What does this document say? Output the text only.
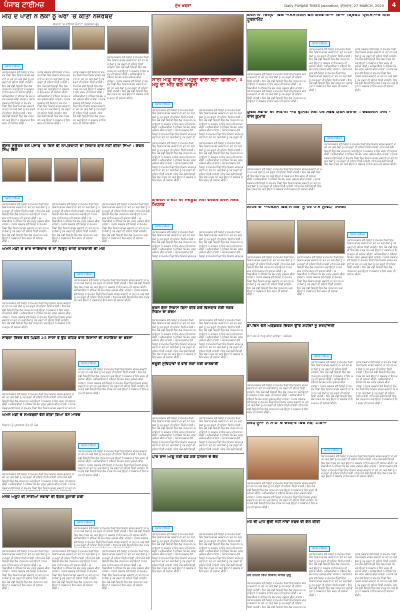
ਪੰਜਾਬ ਟਾਈਮਜ਼	ਮੁੱਖ ਖ਼ਬਰਾਂ	Daily PUNJAB TIMES Jalandhar, ਵੀਰਵਾਰ, 27 MARCH, 2025	4
ਮੀਂਹ ਦੇ ਪਾਣੀ ਨੇ ਲੋਕਾਂ ਨੂੰ ਘਰਾਂ 'ਚ ਕੀਤਾ ਨਜ਼ਰਬੰਦ
ਬਾਜ਼ਾਰਾਂ 'ਚ ਛਾਇਆ ਸੰਨਾਟਾ ਪ੍ਰਸ਼ਾਸਨ ਚੁੱਪ
ਪੰਜਾਬ ਟਾਈਮਜ਼
ਪੰਜਾਬ ਸਰਕਾਰ ਵੱਲੋਂ ਜ਼ਿਲ੍ਹੇ ਦੇ ਵੱਖ-ਵੱਖ ਪਿੰਡਾਂ ਵਿੱਚ ਵਿਕਾਸ ਕਾਰਜ ਕਰਵਾਏ ਜਾ ਰਹੇ ਹਨ ਅਤੇ ਲੋਕਾਂ ਨੂੰ ਹਰ ਤਰ੍ਹਾਂ ਦੀ ਸੁਵਿਧਾ ਦਿੱਤੀ ਜਾਵੇਗੀ। ਇਸ ਮੌਕੇ ਵੱਡੀ ਗਿਣਤੀ ਵਿੱਚ ਲੋਕ ਹਾਜ਼ਰ ਸਨ ਅਤੇ ਉਨ੍ਹਾਂ ਨੇ ਸਰਕਾਰ ਦੇ ਇਸ ਕਦਮ ਦੀ ਸ਼ਲਾਘਾ ਕੀਤੀ। ਅਧਿਕਾਰੀਆਂ ਨੇ ਦੱਸਿਆ ਕਿ ਕੰਮ ਜਲਦ ਮੁਕੰਮਲ ਕੀਤਾ ਜਾਵੇਗਾ। ਪੰਜਾਬ ਸਰਕਾਰ ਵੱਲੋਂ ਜ਼ਿਲ੍ਹੇ ਦੇ ਵੱਖ-ਵੱਖ ਪਿੰਡਾਂ ਵਿੱਚ ਵਿਕਾਸ ਕਾਰਜ ਕਰਵਾਏ ਜਾ ਰਹੇ ਹਨ ਅਤੇ ਲੋਕਾਂ ਨੂੰ ਹਰ ਤਰ੍ਹਾਂ ਦੀ ਸੁਵਿਧਾ ਦਿੱਤੀ ਜਾਵੇਗੀ। ਇਸ ਮੌਕੇ ਵੱਡੀ ਗਿਣਤੀ ਵਿੱਚ ਲੋਕ ਹਾਜ਼ਰ ਸਨ ਅਤੇ ਉਨ੍ਹਾਂ ਨੇ ਸਰਕਾਰ ਦੇ ਇਸ ਕਦਮ ਦੀ ਸ਼ਲਾਘਾ ਕੀਤੀ।
ਪੰਜਾਬ ਸਰਕਾਰ ਵੱਲੋਂ ਜ਼ਿਲ੍ਹੇ ਦੇ ਵੱਖ-ਵੱਖ ਪਿੰਡਾਂ ਵਿੱਚ ਵਿਕਾਸ ਕਾਰਜ ਕਰਵਾਏ ਜਾ ਰਹੇ ਹਨ ਅਤੇ ਲੋਕਾਂ ਨੂੰ ਹਰ ਤਰ੍ਹਾਂ ਦੀ ਸੁਵਿਧਾ ਦਿੱਤੀ ਜਾਵੇਗੀ। ਇਸ ਮੌਕੇ ਵੱਡੀ ਗਿਣਤੀ ਵਿੱਚ ਲੋਕ ਹਾਜ਼ਰ ਸਨ ਅਤੇ ਉਨ੍ਹਾਂ ਨੇ ਸਰਕਾਰ ਦੇ ਇਸ ਕਦਮ ਦੀ ਸ਼ਲਾਘਾ ਕੀਤੀ। ਅਧਿਕਾਰੀਆਂ ਨੇ ਦੱਸਿਆ ਕਿ ਕੰਮ ਜਲਦ ਮੁਕੰਮਲ ਕੀਤਾ ਜਾਵੇਗਾ। ਪੰਜਾਬ ਸਰਕਾਰ ਵੱਲੋਂ ਜ਼ਿਲ੍ਹੇ ਦੇ ਵੱਖ-ਵੱਖ ਪਿੰਡਾਂ ਵਿੱਚ ਵਿਕਾਸ ਕਾਰਜ ਕਰਵਾਏ ਜਾ ਰਹੇ ਹਨ ਅਤੇ ਲੋਕਾਂ ਨੂੰ ਹਰ ਤਰ੍ਹਾਂ ਦੀ ਸੁਵਿਧਾ ਦਿੱਤੀ ਜਾਵੇਗੀ। ਇਸ ਮੌਕੇ ਵੱਡੀ ਗਿਣਤੀ ਵਿੱਚ ਲੋਕ ਹਾਜ਼ਰ ਸਨ ਅਤੇ ਉਨ੍ਹਾਂ ਨੇ ਸਰਕਾਰ ਦੇ ਇਸ ਕਦਮ ਦੀ ਸ਼ਲਾਘਾ ਕੀਤੀ।
ਪੰਜਾਬ ਸਰਕਾਰ ਵੱਲੋਂ ਜ਼ਿਲ੍ਹੇ ਦੇ ਵੱਖ-ਵੱਖ ਪਿੰਡਾਂ ਵਿੱਚ ਵਿਕਾਸ ਕਾਰਜ ਕਰਵਾਏ ਜਾ ਰਹੇ ਹਨ ਅਤੇ ਲੋਕਾਂ ਨੂੰ ਹਰ ਤਰ੍ਹਾਂ ਦੀ ਸੁਵਿਧਾ ਦਿੱਤੀ ਜਾਵੇਗੀ। ਇਸ ਮੌਕੇ ਵੱਡੀ ਗਿਣਤੀ ਵਿੱਚ ਲੋਕ ਹਾਜ਼ਰ ਸਨ ਅਤੇ ਉਨ੍ਹਾਂ ਨੇ ਸਰਕਾਰ ਦੇ ਇਸ ਕਦਮ ਦੀ ਸ਼ਲਾਘਾ ਕੀਤੀ। ਅਧਿਕਾਰੀਆਂ ਨੇ ਦੱਸਿਆ ਕਿ ਕੰਮ ਜਲਦ ਮੁਕੰਮਲ ਕੀਤਾ ਜਾਵੇਗਾ। ਪੰਜਾਬ ਸਰਕਾਰ ਵੱਲੋਂ ਜ਼ਿਲ੍ਹੇ ਦੇ ਵੱਖ-ਵੱਖ ਪਿੰਡਾਂ ਵਿੱਚ ਵਿਕਾਸ ਕਾਰਜ ਕਰਵਾਏ ਜਾ ਰਹੇ ਹਨ ਅਤੇ ਲੋਕਾਂ ਨੂੰ ਹਰ ਤਰ੍ਹਾਂ ਦੀ ਸੁਵਿਧਾ ਦਿੱਤੀ ਜਾਵੇਗੀ। ਇਸ ਮੌਕੇ ਵੱਡੀ ਗਿਣਤੀ ਵਿੱਚ ਲੋਕ ਹਾਜ਼ਰ ਸਨ ਅਤੇ ਉਨ੍ਹਾਂ ਨੇ ਸਰਕਾਰ ਦੇ ਇਸ ਕਦਮ ਦੀ ਸ਼ਲਾਘਾ ਕੀਤੀ।
ਪੰਜਾਬ ਸਰਕਾਰ ਵੱਲੋਂ ਜ਼ਿਲ੍ਹੇ ਦੇ ਵੱਖ-ਵੱਖ ਪਿੰਡਾਂ ਵਿੱਚ ਵਿਕਾਸ ਕਾਰਜ ਕਰਵਾਏ ਜਾ ਰਹੇ ਹਨ ਅਤੇ ਲੋਕਾਂ ਨੂੰ ਹਰ ਤਰ੍ਹਾਂ ਦੀ ਸੁਵਿਧਾ ਦਿੱਤੀ ਜਾਵੇਗੀ। ਇਸ ਮੌਕੇ ਵੱਡੀ ਗਿਣਤੀ ਵਿੱਚ ਲੋਕ ਹਾਜ਼ਰ ਸਨ ਅਤੇ ਉਨ੍ਹਾਂ ਨੇ ਸਰਕਾਰ ਦੇ ਇਸ ਕਦਮ ਦੀ ਸ਼ਲਾਘਾ ਕੀਤੀ। ਅਧਿਕਾਰੀਆਂ ਨੇ ਦੱਸਿਆ ਕਿ ਕੰਮ ਜਲਦ ਮੁਕੰਮਲ ਕੀਤਾ ਜਾਵੇਗਾ। ਪੰਜਾਬ ਸਰਕਾਰ ਵੱਲੋਂ ਜ਼ਿਲ੍ਹੇ ਦੇ ਵੱਖ-ਵੱਖ ਪਿੰਡਾਂ ਵਿੱਚ ਵਿਕਾਸ ਕਾਰਜ ਕਰਵਾਏ ਜਾ ਰਹੇ ਹਨ ਅਤੇ ਲੋਕਾਂ ਨੂੰ ਹਰ ਤਰ੍ਹਾਂ ਦੀ ਸੁਵਿਧਾ ਦਿੱਤੀ ਜਾਵੇਗੀ। ਇਸ ਮੌਕੇ ਵੱਡੀ ਗਿਣਤੀ ਵਿੱਚ ਲੋਕ ਹਾਜ਼ਰ ਸਨ ਅਤੇ ਉਨ੍ਹਾਂ ਨੇ ਸਰਕਾਰ ਦੇ ਇਸ ਕਦਮ ਦੀ ਸ਼ਲਾਘਾ ਕੀਤੀ।
ਸਾਰੀ ਮੀਡ ਬਾਰਮਾ ਪਹੁੰਚਾਂ ਵਾਲਾ ਬੇਟਾ ਡਿਗਿਆ, 1 ਮਹੂ ਦਾ ਮੀਂਹ ਵਲੋਂ ਕਾਬੂਮੀ
ਪੰਜਾਬ ਟਾਈਮਜ਼
ਪੰਜਾਬ ਸਰਕਾਰ ਵੱਲੋਂ ਜ਼ਿਲ੍ਹੇ ਦੇ ਵੱਖ-ਵੱਖ ਪਿੰਡਾਂ ਵਿੱਚ ਵਿਕਾਸ ਕਾਰਜ ਕਰਵਾਏ ਜਾ ਰਹੇ ਹਨ ਅਤੇ ਲੋਕਾਂ ਨੂੰ ਹਰ ਤਰ੍ਹਾਂ ਦੀ ਸੁਵਿਧਾ ਦਿੱਤੀ ਜਾਵੇਗੀ। ਇਸ ਮੌਕੇ ਵੱਡੀ ਗਿਣਤੀ ਵਿੱਚ ਲੋਕ ਹਾਜ਼ਰ ਸਨ ਅਤੇ ਉਨ੍ਹਾਂ ਨੇ ਸਰਕਾਰ ਦੇ ਇਸ ਕਦਮ ਦੀ ਸ਼ਲਾਘਾ ਕੀਤੀ। ਅਧਿਕਾਰੀਆਂ ਨੇ ਦੱਸਿਆ ਕਿ ਕੰਮ ਜਲਦ ਮੁਕੰਮਲ ਕੀਤਾ ਜਾਵੇਗਾ। ਪੰਜਾਬ ਸਰਕਾਰ ਵੱਲੋਂ ਜ਼ਿਲ੍ਹੇ ਦੇ ਵੱਖ-ਵੱਖ ਪਿੰਡਾਂ ਵਿੱਚ ਵਿਕਾਸ ਕਾਰਜ ਕਰਵਾਏ ਜਾ ਰਹੇ ਹਨ ਅਤੇ ਲੋਕਾਂ ਨੂੰ ਹਰ ਤਰ੍ਹਾਂ ਦੀ
ਪੰਜਾਬ ਸਰਕਾਰ ਵੱਲੋਂ ਜ਼ਿਲ੍ਹੇ ਦੇ ਵੱਖ-ਵੱਖ ਪਿੰਡਾਂ ਵਿੱਚ ਵਿਕਾਸ ਕਾਰਜ ਕਰਵਾਏ ਜਾ ਰਹੇ ਹਨ ਅਤੇ ਲੋਕਾਂ ਨੂੰ ਹਰ ਤਰ੍ਹਾਂ ਦੀ ਸੁਵਿਧਾ ਦਿੱਤੀ ਜਾਵੇਗੀ। ਇਸ ਮੌਕੇ ਵੱਡੀ ਗਿਣਤੀ ਵਿੱਚ ਲੋਕ ਹਾਜ਼ਰ ਸਨ ਅਤੇ ਉਨ੍ਹਾਂ ਨੇ ਸਰਕਾਰ ਦੇ ਇਸ ਕਦਮ ਦੀ ਸ਼ਲਾਘਾ ਕੀਤੀ। ਅਧਿਕਾਰੀਆਂ ਨੇ ਦੱਸਿਆ ਕਿ ਕੰਮ ਜਲਦ ਮੁਕੰਮਲ ਕੀਤਾ ਜਾਵੇਗਾ। ਪੰਜਾਬ ਸਰਕਾਰ ਵੱਲੋਂ ਜ਼ਿਲ੍ਹੇ ਦੇ ਵੱਖ-ਵੱਖ ਪਿੰਡਾਂ ਵਿੱਚ ਵਿਕਾਸ ਕਾਰਜ ਕਰਵਾਏ ਜਾ ਰਹੇ ਹਨ ਅਤੇ ਲੋਕਾਂ ਨੂੰ ਹਰ ਤਰ੍ਹਾਂ ਦੀ
ਕਰਨਾਲਾ ਜ਼ਿਲ੍ਹਾ ਵਿੱਚ ਐਸੋਸੀਏਸ਼ਨ ਵਲੋਂ ਕਰਵਾਇਆ ਗਿਆ ਕ੍ਰਿਕਟ ਪ੍ਰੀਮੀਅਰ ਲੀਗ ਟੂਰਨਾਮੈਂਟ
ਪੰਜਾਬ ਟਾਈਮਜ਼
ਪੰਜਾਬ ਸਰਕਾਰ ਵੱਲੋਂ ਜ਼ਿਲ੍ਹੇ ਦੇ ਵੱਖ-ਵੱਖ ਪਿੰਡਾਂ ਵਿੱਚ ਵਿਕਾਸ ਕਾਰਜ ਕਰਵਾਏ ਜਾ ਰਹੇ ਹਨ ਅਤੇ ਲੋਕਾਂ ਨੂੰ ਹਰ ਤਰ੍ਹਾਂ ਦੀ ਸੁਵਿਧਾ ਦਿੱਤੀ ਜਾਵੇਗੀ। ਇਸ ਮੌਕੇ ਵੱਡੀ ਗਿਣਤੀ ਵਿੱਚ ਲੋਕ ਹਾਜ਼ਰ ਸਨ ਅਤੇ ਉਨ੍ਹਾਂ ਨੇ ਸਰਕਾਰ ਦੇ ਇਸ ਕਦਮ ਦੀ ਸ਼ਲਾਘਾ ਕੀਤੀ। ਅਧਿਕਾਰੀਆਂ ਨੇ ਦੱਸਿਆ ਕਿ ਕੰਮ ਜਲਦ ਮੁਕੰਮਲ ਕੀਤਾ ਜਾਵੇਗਾ। ਪੰਜਾਬ ਸਰਕਾਰ ਵੱਲੋਂ ਜ਼ਿਲ੍ਹੇ ਦੇ ਵੱਖ-ਵੱਖ ਪਿੰਡਾਂ ਵਿੱਚ ਵਿਕਾਸ ਕਾਰਜ ਕਰਵਾਏ ਜਾ ਰਹੇ ਹਨ ਅਤੇ ਲੋਕਾਂ ਨੂੰ ਹਰ ਤਰ੍ਹਾਂ ਦੀ ਸੁਵਿਧਾ ਦਿੱਤੀ ਜਾਵੇਗੀ। ਇਸ ਮੌਕੇ ਵੱਡੀ ਗਿਣਤੀ ਵਿੱਚ ਲੋਕ ਹਾਜ਼ਰ ਸਨ ਅਤੇ ਉਨ੍ਹਾਂ ਨੇ ਸਰਕਾਰ ਦੇ ਇਸ ਕਦਮ ਦੀ ਸ਼ਲਾਘਾ ਕੀਤੀ।
ਪੰਜਾਬ ਸਰਕਾਰ ਵੱਲੋਂ ਜ਼ਿਲ੍ਹੇ ਦੇ ਵੱਖ-ਵੱਖ ਪਿੰਡਾਂ ਵਿੱਚ ਵਿਕਾਸ ਕਾਰਜ ਕਰਵਾਏ ਜਾ ਰਹੇ ਹਨ ਅਤੇ ਲੋਕਾਂ ਨੂੰ ਹਰ ਤਰ੍ਹਾਂ ਦੀ ਸੁਵਿਧਾ ਦਿੱਤੀ ਜਾਵੇਗੀ। ਇਸ ਮੌਕੇ ਵੱਡੀ ਗਿਣਤੀ ਵਿੱਚ ਲੋਕ ਹਾਜ਼ਰ ਸਨ ਅਤੇ ਉਨ੍ਹਾਂ ਨੇ ਸਰਕਾਰ ਦੇ ਇਸ ਕਦਮ ਦੀ ਸ਼ਲਾਘਾ ਕੀਤੀ। ਅਧਿਕਾਰੀਆਂ ਨੇ ਦੱਸਿਆ ਕਿ ਕੰਮ ਜਲਦ ਮੁਕੰਮਲ ਕੀਤਾ ਜਾਵੇਗਾ। ਪੰਜਾਬ ਸਰਕਾਰ ਵੱਲੋਂ ਜ਼ਿਲ੍ਹੇ ਦੇ ਵੱਖ-ਵੱਖ ਪਿੰਡਾਂ ਵਿੱਚ ਵਿਕਾਸ ਕਾਰਜ ਕਰਵਾਏ ਜਾ ਰਹੇ ਹਨ ਅਤੇ ਲੋਕਾਂ ਨੂੰ ਹਰ ਤਰ੍ਹਾਂ ਦੀ ਸੁਵਿਧਾ ਦਿੱਤੀ ਜਾਵੇਗੀ। ਇਸ ਮੌਕੇ ਵੱਡੀ ਗਿਣਤੀ ਵਿੱਚ ਲੋਕ ਹਾਜ਼ਰ ਸਨ ਅਤੇ ਉਨ੍ਹਾਂ ਨੇ ਸਰਕਾਰ ਦੇ ਇਸ ਕਦਮ ਦੀ ਸ਼ਲਾਘਾ ਕੀਤੀ।
ਪੰਜਾਬ ਸਰਕਾਰ ਵੱਲੋਂ ਜ਼ਿਲ੍ਹੇ ਦੇ ਵੱਖ-ਵੱਖ ਪਿੰਡਾਂ ਵਿੱਚ ਵਿਕਾਸ ਕਾਰਜ ਕਰਵਾਏ ਜਾ ਰਹੇ ਹਨ ਅਤੇ ਲੋਕਾਂ ਨੂੰ ਹਰ ਤਰ੍ਹਾਂ ਦੀ ਸੁਵਿਧਾ ਦਿੱਤੀ ਜਾਵੇਗੀ। ਇਸ ਮੌਕੇ ਵੱਡੀ ਗਿਣਤੀ ਵਿੱਚ ਲੋਕ ਹਾਜ਼ਰ ਸਨ ਅਤੇ ਉਨ੍ਹਾਂ ਨੇ ਸਰਕਾਰ ਦੇ ਇਸ ਕਦਮ ਦੀ ਸ਼ਲਾਘਾ ਕੀਤੀ। ਅਧਿਕਾਰੀਆਂ ਨੇ ਦੱਸਿਆ ਕਿ ਕੰਮ ਜਲਦ ਮੁਕੰਮਲ ਕੀਤਾ ਜਾਵੇਗਾ। ਪੰਜਾਬ ਸਰਕਾਰ ਵੱਲੋਂ ਜ਼ਿਲ੍ਹੇ ਦੇ ਵੱਖ-ਵੱਖ ਪਿੰਡਾਂ ਵਿੱਚ ਵਿਕਾਸ ਕਾਰਜ ਕਰਵਾਏ ਜਾ ਰਹੇ ਹਨ ਅਤੇ ਲੋਕਾਂ ਨੂੰ ਹਰ ਤਰ੍ਹਾਂ ਦੀ ਸੁਵਿਧਾ ਦਿੱਤੀ ਜਾਵੇਗੀ। ਇਸ ਮੌਕੇ ਵੱਡੀ ਗਿਣਤੀ ਵਿੱਚ ਲੋਕ ਹਾਜ਼ਰ ਸਨ ਅਤੇ ਉਨ੍ਹਾਂ ਨੇ ਸਰਕਾਰ ਦੇ ਇਸ ਕਦਮ ਦੀ ਸ਼ਲਾਘਾ ਕੀਤੀ।
ਯੁਵਕ ਸਭਾਵਾਂ ਦੀ ਜਿਤਾਈ ਅਤੇ ਉਨਿਤੀ ਲਈ ਹਰ ਸੰਭਵ ਯਤਨ ਕਰਾਂਗਾ : ਦੇਵਕਲੀਨ ਸਿੰਘ - ਰਾਜ ਕੁਮਾਰ
ਪੰਜਾਬ ਟਾਈਮਜ਼
ਪੰਜਾਬ ਸਰਕਾਰ ਵੱਲੋਂ ਜ਼ਿਲ੍ਹੇ ਦੇ ਵੱਖ-ਵੱਖ ਪਿੰਡਾਂ ਵਿੱਚ ਵਿਕਾਸ ਕਾਰਜ ਕਰਵਾਏ ਜਾ ਰਹੇ ਹਨ ਅਤੇ ਲੋਕਾਂ ਨੂੰ ਹਰ ਤਰ੍ਹਾਂ ਦੀ ਸੁਵਿਧਾ ਦਿੱਤੀ ਜਾਵੇਗੀ। ਇਸ ਮੌਕੇ ਵੱਡੀ ਗਿਣਤੀ ਵਿੱਚ ਲੋਕ ਹਾਜ਼ਰ ਸਨ ਅਤੇ ਉਨ੍ਹਾਂ ਨੇ ਸਰਕਾਰ ਦੇ ਇਸ ਕਦਮ ਦੀ ਸ਼ਲਾਘਾ ਕੀਤੀ। ਅਧਿਕਾਰੀਆਂ ਨੇ ਦੱਸਿਆ ਕਿ ਕੰਮ ਜਲਦ ਮੁਕੰਮਲ ਕੀਤਾ ਜਾਵੇਗਾ। ਪੰਜਾਬ ਸਰਕਾਰ ਵੱਲੋਂ ਜ਼ਿਲ੍ਹੇ ਦੇ ਵੱਖ-ਵੱਖ ਪਿੰਡਾਂ ਵਿੱਚ ਵਿਕਾਸ ਕਾਰਜ ਕਰਵਾਏ ਜਾ ਰਹੇ ਹਨ ਅਤੇ ਲੋਕਾਂ ਨੂੰ ਹਰ ਤਰ੍ਹਾਂ ਦੀ ਸੁਵਿਧਾ ਦਿੱਤੀ ਜਾਵੇਗੀ। ਇਸ ਮੌਕੇ ਵੱਡੀ ਗਿਣਤੀ ਵਿੱਚ ਲੋਕ ਹਾਜ਼ਰ ਸਨ ਅਤੇ ਉਨ੍ਹਾਂ ਨੇ ਸਰਕਾਰ ਦੇ ਇਸ ਕਦਮ ਦੀ ਸ਼ਲਾਘਾ ਕੀਤੀ।
ਪੰਜਾਬ ਸਰਕਾਰ ਵੱਲੋਂ ਜ਼ਿਲ੍ਹੇ ਦੇ ਵੱਖ-ਵੱਖ ਪਿੰਡਾਂ ਵਿੱਚ ਵਿਕਾਸ ਕਾਰਜ ਕਰਵਾਏ ਜਾ ਰਹੇ ਹਨ ਅਤੇ ਲੋਕਾਂ ਨੂੰ ਹਰ ਤਰ੍ਹਾਂ ਦੀ ਸੁਵਿਧਾ ਦਿੱਤੀ ਜਾਵੇਗੀ। ਇਸ ਮੌਕੇ ਵੱਡੀ ਗਿਣਤੀ ਵਿੱਚ ਲੋਕ ਹਾਜ਼ਰ ਸਨ ਅਤੇ ਉਨ੍ਹਾਂ ਨੇ ਸਰਕਾਰ ਦੇ ਇਸ ਕਦਮ ਦੀ ਸ਼ਲਾਘਾ ਕੀਤੀ। ਅਧਿਕਾਰੀਆਂ ਨੇ ਦੱਸਿਆ ਕਿ ਕੰਮ ਜਲਦ ਮੁਕੰਮਲ ਕੀਤਾ ਜਾਵੇਗਾ। ਪੰਜਾਬ ਸਰਕਾਰ ਵੱਲੋਂ ਜ਼ਿਲ੍ਹੇ ਦੇ ਵੱਖ-ਵੱਖ ਪਿੰਡਾਂ ਵਿੱਚ ਵਿਕਾਸ ਕਾਰਜ ਕਰਵਾਏ ਜਾ ਰਹੇ ਹਨ ਅਤੇ ਲੋਕਾਂ ਨੂੰ ਹਰ ਤਰ੍ਹਾਂ ਦੀ ਸੁਵਿਧਾ ਦਿੱਤੀ ਜਾਵੇਗੀ। ਇਸ ਮੌਕੇ ਵੱਡੀ ਗਿਣਤੀ ਵਿੱਚ ਲੋਕ ਹਾਜ਼ਰ ਸਨ ਅਤੇ ਉਨ੍ਹਾਂ ਨੇ ਸਰਕਾਰ ਦੇ ਇਸ ਕਦਮ ਦੀ ਸ਼ਲਾਘਾ ਕੀਤੀ।
ਕੌਂਸਲ ਸਕੱਤਰ ਵਲੋਂ ਪੰਜਾਬ 'ਚ ਕਿਸੇ ਵੀ ਲਾਪਰਵਾਹੀ ਦਾ ਸ਼ਿਕਾਰ ਬਾਰੇ ਨਹੀਂ ਕੀਤਾ ਜਿਆ : ਕੇਵਲ ਸਿੰਘ ਢਿੱਲੋਂ
ਪੰਜਾਬ ਟਾਈਮਜ਼
ਪੰਜਾਬ ਸਰਕਾਰ ਵੱਲੋਂ ਜ਼ਿਲ੍ਹੇ ਦੇ ਵੱਖ-ਵੱਖ ਪਿੰਡਾਂ ਵਿੱਚ ਵਿਕਾਸ ਕਾਰਜ ਕਰਵਾਏ ਜਾ ਰਹੇ ਹਨ ਅਤੇ ਲੋਕਾਂ ਨੂੰ ਹਰ ਤਰ੍ਹਾਂ ਦੀ ਸੁਵਿਧਾ ਦਿੱਤੀ ਜਾਵੇਗੀ। ਇਸ ਮੌਕੇ ਵੱਡੀ ਗਿਣਤੀ ਵਿੱਚ ਲੋਕ ਹਾਜ਼ਰ ਸਨ ਅਤੇ ਉਨ੍ਹਾਂ ਨੇ ਸਰਕਾਰ ਦੇ ਇਸ ਕਦਮ ਦੀ ਸ਼ਲਾਘਾ ਕੀਤੀ। ਅਧਿਕਾਰੀਆਂ ਨੇ ਦੱਸਿਆ ਕਿ ਕੰਮ ਜਲਦ ਮੁਕੰਮਲ ਕੀਤਾ ਜਾਵੇਗਾ। ਪੰਜਾਬ ਸਰਕਾਰ ਵੱਲੋਂ ਜ਼ਿਲ੍ਹੇ ਦੇ ਵੱਖ-ਵੱਖ ਪਿੰਡਾਂ ਵਿੱਚ ਵਿਕਾਸ ਕਾਰਜ ਕਰਵਾਏ ਜਾ ਰਹੇ ਹਨ ਅਤੇ ਲੋਕਾਂ ਨੂੰ ਹਰ ਤਰ੍ਹਾਂ ਦੀ ਸੁਵਿਧਾ ਦਿੱਤੀ ਜਾਵੇਗੀ। ਇਸ ਮੌਕੇ ਵੱਡੀ ਗਿਣਤੀ ਵਿੱਚ ਲੋਕ ਹਾਜ਼ਰ ਸਨ ਅਤੇ ਉਨ੍ਹਾਂ ਨੇ ਸਰਕਾਰ ਦੇ ਇਸ ਕਦਮ ਦੀ ਸ਼ਲਾਘਾ ਕੀਤੀ।
ਪੰਜਾਬ ਸਰਕਾਰ ਵੱਲੋਂ ਜ਼ਿਲ੍ਹੇ ਦੇ ਵੱਖ-ਵੱਖ ਪਿੰਡਾਂ ਵਿੱਚ ਵਿਕਾਸ ਕਾਰਜ ਕਰਵਾਏ ਜਾ ਰਹੇ ਹਨ ਅਤੇ ਲੋਕਾਂ ਨੂੰ ਹਰ ਤਰ੍ਹਾਂ ਦੀ ਸੁਵਿਧਾ ਦਿੱਤੀ ਜਾਵੇਗੀ। ਇਸ ਮੌਕੇ ਵੱਡੀ ਗਿਣਤੀ ਵਿੱਚ ਲੋਕ ਹਾਜ਼ਰ ਸਨ ਅਤੇ ਉਨ੍ਹਾਂ ਨੇ ਸਰਕਾਰ ਦੇ ਇਸ ਕਦਮ ਦੀ ਸ਼ਲਾਘਾ ਕੀਤੀ। ਅਧਿਕਾਰੀਆਂ ਨੇ ਦੱਸਿਆ ਕਿ ਕੰਮ ਜਲਦ ਮੁਕੰਮਲ ਕੀਤਾ ਜਾਵੇਗਾ। ਪੰਜਾਬ ਸਰਕਾਰ ਵੱਲੋਂ ਜ਼ਿਲ੍ਹੇ ਦੇ ਵੱਖ-ਵੱਖ ਪਿੰਡਾਂ ਵਿੱਚ ਵਿਕਾਸ ਕਾਰਜ ਕਰਵਾਏ ਜਾ ਰਹੇ ਹਨ ਅਤੇ ਲੋਕਾਂ ਨੂੰ ਹਰ ਤਰ੍ਹਾਂ ਦੀ ਸੁਵਿਧਾ ਦਿੱਤੀ ਜਾਵੇਗੀ। ਇਸ ਮੌਕੇ ਵੱਡੀ ਗਿਣਤੀ ਵਿੱਚ ਲੋਕ ਹਾਜ਼ਰ ਸਨ ਅਤੇ ਉਨ੍ਹਾਂ ਨੇ ਸਰਕਾਰ ਦੇ ਇਸ ਕਦਮ ਦੀ ਸ਼ਲਾਘਾ ਕੀਤੀ।
ਪੰਜਾਬ ਸਰਕਾਰ ਵੱਲੋਂ ਜ਼ਿਲ੍ਹੇ ਦੇ ਵੱਖ-ਵੱਖ ਪਿੰਡਾਂ ਵਿੱਚ ਵਿਕਾਸ ਕਾਰਜ ਕਰਵਾਏ ਜਾ ਰਹੇ ਹਨ ਅਤੇ ਲੋਕਾਂ ਨੂੰ ਹਰ ਤਰ੍ਹਾਂ ਦੀ ਸੁਵਿਧਾ ਦਿੱਤੀ ਜਾਵੇਗੀ। ਇਸ ਮੌਕੇ ਵੱਡੀ ਗਿਣਤੀ ਵਿੱਚ ਲੋਕ ਹਾਜ਼ਰ ਸਨ ਅਤੇ ਉਨ੍ਹਾਂ ਨੇ ਸਰਕਾਰ ਦੇ ਇਸ ਕਦਮ ਦੀ ਸ਼ਲਾਘਾ ਕੀਤੀ। ਅਧਿਕਾਰੀਆਂ ਨੇ ਦੱਸਿਆ ਕਿ ਕੰਮ ਜਲਦ ਮੁਕੰਮਲ ਕੀਤਾ ਜਾਵੇਗਾ। ਪੰਜਾਬ ਸਰਕਾਰ ਵੱਲੋਂ ਜ਼ਿਲ੍ਹੇ ਦੇ ਵੱਖ-ਵੱਖ ਪਿੰਡਾਂ ਵਿੱਚ ਵਿਕਾਸ ਕਾਰਜ ਕਰਵਾਏ ਜਾ ਰਹੇ ਹਨ ਅਤੇ ਲੋਕਾਂ ਨੂੰ ਹਰ ਤਰ੍ਹਾਂ ਦੀ ਸੁਵਿਧਾ ਦਿੱਤੀ ਜਾਵੇਗੀ। ਇਸ ਮੌਕੇ ਵੱਡੀ ਗਿਣਤੀ ਵਿੱਚ ਲੋਕ ਹਾਜ਼ਰ ਸਨ ਅਤੇ ਉਨ੍ਹਾਂ ਨੇ ਸਰਕਾਰ ਦੇ ਇਸ ਕਦਮ ਦੀ ਸ਼ਲਾਘਾ ਕੀਤੀ।
ਪੰਜਾਬ ਸਰਕਾਰ ਵੱਲੋਂ ਜ਼ਿਲ੍ਹੇ ਦੇ ਵੱਖ-ਵੱਖ ਪਿੰਡਾਂ ਵਿੱਚ ਵਿਕਾਸ ਕਾਰਜ ਕਰਵਾਏ ਜਾ ਰਹੇ ਹਨ ਅਤੇ ਲੋਕਾਂ ਨੂੰ ਹਰ ਤਰ੍ਹਾਂ ਦੀ ਸੁਵਿਧਾ ਦਿੱਤੀ ਜਾਵੇਗੀ। ਇਸ ਮੌਕੇ ਵੱਡੀ ਗਿਣਤੀ ਵਿੱਚ ਲੋਕ ਹਾਜ਼ਰ ਸਨ ਅਤੇ ਉਨ੍ਹਾਂ ਨੇ ਸਰਕਾਰ ਦੇ ਇਸ ਕਦਮ ਦੀ ਸ਼ਲਾਘਾ ਕੀਤੀ। ਅਧਿਕਾਰੀਆਂ ਨੇ ਦੱਸਿਆ ਕਿ ਕੰਮ ਜਲਦ ਮੁਕੰਮਲ ਕੀਤਾ ਜਾਵੇਗਾ। ਪੰਜਾਬ ਸਰਕਾਰ ਵੱਲੋਂ ਜ਼ਿਲ੍ਹੇ ਦੇ ਵੱਖ-ਵੱਖ ਪਿੰਡਾਂ ਵਿੱਚ ਵਿਕਾਸ ਕਾਰਜ ਕਰਵਾਏ ਜਾ ਰਹੇ ਹਨ ਅਤੇ ਲੋਕਾਂ ਨੂੰ ਹਰ ਤਰ੍ਹਾਂ ਦੀ ਸੁਵਿਧਾ ਦਿੱਤੀ ਜਾਵੇਗੀ। ਇਸ ਮੌਕੇ ਵੱਡੀ ਗਿਣਤੀ ਵਿੱਚ ਲੋਕ ਹਾਜ਼ਰ ਸਨ ਅਤੇ ਉਨ੍ਹਾਂ ਨੇ ਸਰਕਾਰ ਦੇ ਇਸ ਕਦਮ ਦੀ ਸ਼ਲਾਘਾ ਕੀਤੀ।
ਪੰਜਾਬ ਸਰਕਾਰ ਵੱਲੋਂ ਜ਼ਿਲ੍ਹੇ ਦੇ ਵੱਖ-ਵੱਖ ਪਿੰਡਾਂ ਵਿੱਚ ਵਿਕਾਸ ਕਾਰਜ ਕਰਵਾਏ ਜਾ ਰਹੇ ਹਨ ਅਤੇ ਲੋਕਾਂ ਨੂੰ ਹਰ ਤਰ੍ਹਾਂ ਦੀ ਸੁਵਿਧਾ ਦਿੱਤੀ ਜਾਵੇਗੀ। ਇਸ ਮੌਕੇ ਵੱਡੀ ਗਿਣਤੀ ਵਿੱਚ ਲੋਕ ਹਾਜ਼ਰ ਸਨ ਅਤੇ ਉਨ੍ਹਾਂ ਨੇ ਸਰਕਾਰ ਦੇ ਇਸ ਕਦਮ ਦੀ ਸ਼ਲਾਘਾ ਕੀਤੀ। ਅਧਿਕਾਰੀਆਂ ਨੇ ਦੱਸਿਆ ਕਿ ਕੰਮ ਜਲਦ ਮੁਕੰਮਲ ਕੀਤਾ ਜਾਵੇਗਾ। ਪੰਜਾਬ ਸਰਕਾਰ ਵੱਲੋਂ ਜ਼ਿਲ੍ਹੇ ਦੇ ਵੱਖ-ਵੱਖ ਪਿੰਡਾਂ ਵਿੱਚ ਵਿਕਾਸ ਕਾਰਜ ਕਰਵਾਏ ਜਾ ਰਹੇ ਹਨ ਅਤੇ ਲੋਕਾਂ ਨੂੰ ਹਰ ਤਰ੍ਹਾਂ ਦੀ ਸੁਵਿਧਾ ਦਿੱਤੀ ਜਾਵੇਗੀ। ਇਸ ਮੌਕੇ ਵੱਡੀ ਗਿਣਤੀ ਵਿੱਚ ਲੋਕ ਹਾਜ਼ਰ ਸਨ ਅਤੇ ਉਨ੍ਹਾਂ ਨੇ ਸਰਕਾਰ ਦੇ ਇਸ ਕਦਮ ਦੀ ਸ਼ਲਾਘਾ ਕੀਤੀ।
ਕਾਂਗਰਸ ਪਾਰਟੀ ਦੀ ਮਜ਼ਬੂਤੀ ਲਈ ਵਰਕਰ ਕਰਨ ਸਖ਼ਤ ਮਿਹਨਤ
ਪੰਜਾਬ ਟਾਈਮਜ਼
ਪੰਜਾਬ ਸਰਕਾਰ ਵੱਲੋਂ ਜ਼ਿਲ੍ਹੇ ਦੇ ਵੱਖ-ਵੱਖ ਪਿੰਡਾਂ ਵਿੱਚ ਵਿਕਾਸ ਕਾਰਜ ਕਰਵਾਏ ਜਾ ਰਹੇ ਹਨ ਅਤੇ ਲੋਕਾਂ ਨੂੰ ਹਰ ਤਰ੍ਹਾਂ ਦੀ ਸੁਵਿਧਾ ਦਿੱਤੀ ਜਾਵੇਗੀ। ਇਸ ਮੌਕੇ ਵੱਡੀ ਗਿਣਤੀ ਵਿੱਚ ਲੋਕ ਹਾਜ਼ਰ ਸਨ ਅਤੇ ਉਨ੍ਹਾਂ ਨੇ ਸਰਕਾਰ ਦੇ ਇਸ ਕਦਮ ਦੀ ਸ਼ਲਾਘਾ ਕੀਤੀ। ਅਧਿਕਾਰੀਆਂ ਨੇ ਦੱਸਿਆ ਕਿ ਕੰਮ ਜਲਦ ਮੁਕੰਮਲ ਕੀਤਾ ਜਾਵੇਗਾ। ਪੰਜਾਬ ਸਰਕਾਰ ਵੱਲੋਂ ਜ਼ਿਲ੍ਹੇ ਦੇ ਵੱਖ-ਵੱਖ ਪਿੰਡਾਂ ਵਿੱਚ ਵਿਕਾਸ ਕਾਰਜ ਕ
ਪੰਜਾਬ ਸਰਕਾਰ ਵੱਲੋਂ ਜ਼ਿਲ੍ਹੇ ਦੇ ਵੱਖ-ਵੱਖ ਪਿੰਡਾਂ ਵਿੱਚ ਵਿਕਾਸ ਕਾਰਜ ਕਰਵਾਏ ਜਾ ਰਹੇ ਹਨ ਅਤੇ ਲੋਕਾਂ ਨੂੰ ਹਰ ਤਰ੍ਹਾਂ ਦੀ ਸੁਵਿਧਾ ਦਿੱਤੀ ਜਾਵੇਗੀ। ਇਸ ਮੌਕੇ ਵੱਡੀ ਗਿਣਤੀ ਵਿੱਚ ਲੋਕ ਹਾਜ਼ਰ ਸਨ ਅਤੇ ਉਨ੍ਹਾਂ ਨੇ ਸਰਕਾਰ ਦੇ ਇਸ ਕਦਮ ਦੀ ਸ਼ਲਾਘਾ ਕੀਤੀ। ਅਧਿਕਾਰੀਆਂ ਨੇ ਦੱਸਿਆ ਕਿ ਕੰਮ ਜਲਦ ਮੁਕੰਮਲ ਕੀਤਾ ਜਾਵੇਗਾ। ਪੰਜਾਬ ਸਰਕਾਰ ਵੱਲੋਂ ਜ਼ਿਲ੍ਹੇ ਦੇ ਵੱਖ-ਵੱਖ ਪਿੰਡਾਂ ਵਿੱਚ ਵਿਕਾਸ ਕਾਰਜ ਕ
ਅਮਨ ਮੰਡੀ ਦੇ ਭਾਰ ਜਾਇਦਾਦ ਦੇ ਨਾਂ ਵਿਰੁੱਧ ਵਾਲੀ ਕਾਰਵਾਈ ਦੀ ਮੰਗ
ਪੰਜਾਬ ਟਾਈਮਜ਼
ਪੰਜਾਬ ਸਰਕਾਰ ਵੱਲੋਂ ਜ਼ਿਲ੍ਹੇ ਦੇ ਵੱਖ-ਵੱਖ ਪਿੰਡਾਂ ਵਿੱਚ ਵਿਕਾਸ ਕਾਰਜ ਕਰਵਾਏ ਜਾ ਰਹੇ ਹਨ ਅਤੇ ਲੋਕਾਂ ਨੂੰ ਹਰ ਤਰ੍ਹਾਂ ਦੀ ਸੁਵਿਧਾ ਦਿੱਤੀ ਜਾਵੇਗੀ। ਇਸ ਮੌਕੇ ਵੱਡੀ ਗਿਣਤੀ ਵਿੱਚ ਲੋਕ ਹਾਜ਼ਰ ਸਨ ਅਤੇ ਉਨ੍ਹਾਂ ਨੇ ਸਰਕਾਰ ਦੇ ਇਸ ਕਦਮ ਦੀ ਸ਼ਲਾਘਾ ਕੀਤੀ। ਅਧਿਕਾਰੀਆਂ ਨੇ ਦੱਸਿਆ ਕਿ ਕੰਮ ਜਲਦ ਮੁਕੰਮਲ ਕੀਤਾ ਜਾਵੇਗਾ। ਪੰਜਾਬ ਸਰਕਾਰ ਵੱਲੋਂ ਜ਼ਿਲ੍ਹੇ ਦੇ ਵੱਖ-ਵੱਖ ਪਿੰਡਾਂ ਵਿੱਚ ਵਿਕਾਸ ਕਾਰਜ ਕਰਵਾਏ ਜਾ ਰਹੇ ਹਨ ਅਤੇ ਲੋਕਾਂ ਨੂੰ ਹਰ ਤਰ੍ਹਾਂ ਦੀ ਸੁਵਿਧਾ ਦਿੱਤੀ ਜਾਵੇਗੀ। ਇਸ ਮੌਕੇ ਵੱਡੀ ਗਿਣਤੀ ਵਿੱਚ ਲੋਕ ਹਾਜ਼ਰ ਸਨ ਅਤੇ ਉਨ੍ਹਾਂ ਨੇ ਸਰਕਾਰ ਦੇ ਇਸ ਕਦਮ ਦੀ ਸ਼ਲਾਘਾ ਕੀਤੀ।
ਪੰਜਾਬ ਸਰਕਾਰ ਵੱਲੋਂ ਜ਼ਿਲ੍ਹੇ ਦੇ ਵੱਖ-ਵੱਖ ਪਿੰਡਾਂ ਵਿੱਚ ਵਿਕਾਸ ਕਾਰਜ ਕਰਵਾਏ ਜਾ ਰਹੇ ਹਨ ਅਤੇ ਲੋਕਾਂ ਨੂੰ ਹਰ ਤਰ੍ਹਾਂ ਦੀ ਸੁਵਿਧਾ ਦਿੱਤੀ ਜਾਵੇਗੀ। ਇਸ ਮੌਕੇ ਵੱਡੀ ਗਿਣਤੀ ਵਿੱਚ ਲੋਕ ਹਾਜ਼ਰ ਸਨ ਅਤੇ ਉਨ੍ਹਾਂ ਨੇ ਸਰਕਾਰ ਦੇ ਇਸ ਕਦਮ ਦੀ ਸ਼ਲਾਘਾ ਕੀਤੀ। ਅਧਿਕਾਰੀਆਂ ਨੇ ਦੱਸਿਆ ਕਿ ਕੰਮ ਜਲਦ ਮੁਕੰਮਲ ਕੀਤਾ ਜਾਵੇਗਾ। ਪੰਜਾਬ ਸਰਕਾਰ ਵੱਲੋਂ ਜ਼ਿਲ੍ਹੇ ਦੇ ਵੱਖ-ਵੱਖ ਪਿੰਡਾਂ ਵਿੱਚ ਵਿਕਾਸ ਕਾਰਜ ਕਰਵਾਏ ਜਾ ਰਹੇ ਹਨ ਅਤੇ ਲੋਕਾਂ ਨੂੰ ਹਰ ਤਰ੍ਹਾਂ ਦੀ ਸੁਵਿਧਾ ਦਿੱਤੀ ਜਾਵੇਗੀ। ਇਸ ਮੌਕੇ ਵੱਡੀ ਗਿਣਤੀ ਵਿੱਚ ਲੋਕ ਹਾਜ਼ਰ ਸਨ ਅਤੇ ਉਨ੍ਹਾਂ ਨੇ ਸਰਕਾਰ ਦੇ ਇਸ ਕਦਮ ਦੀ ਸ਼ਲਾਘਾ ਕੀਤੀ।
ਸ਼ਹਿਰ ਦਾ ਅਪਰੇਸ਼ਨ ਵਿਕਾਸ ਲੋਕਾਂ ਨੂੰ ਹਰ ਪਾਸੇ ਸੁਵਿਧਾ ਮਿਲੇਗੀ
ਪੰਜਾਬ ਟਾਈਮਜ਼
ਪੰਜਾਬ ਸਰਕਾਰ ਵੱਲੋਂ ਜ਼ਿਲ੍ਹੇ ਦੇ ਵੱਖ-ਵੱਖ ਪਿੰਡਾਂ ਵਿੱਚ ਵਿਕਾਸ ਕਾਰਜ ਕਰਵਾਏ ਜਾ ਰਹੇ ਹਨ ਅਤੇ ਲੋਕਾਂ ਨੂੰ ਹਰ ਤਰ੍ਹਾਂ ਦੀ ਸੁਵਿਧਾ ਦਿੱਤੀ ਜਾਵੇਗੀ। ਇਸ ਮੌਕੇ ਵੱਡੀ ਗਿਣਤੀ ਵਿੱਚ ਲੋਕ ਹਾਜ਼ਰ ਸਨ ਅਤੇ ਉਨ੍ਹਾਂ ਨੇ ਸਰਕਾਰ ਦੇ ਇਸ ਕਦਮ ਦੀ ਸ਼ਲਾਘਾ ਕੀਤੀ। ਅਧਿਕਾਰੀਆਂ ਨੇ ਦੱਸਿਆ ਕਿ ਕੰਮ ਜਲਦ ਮੁਕੰਮਲ ਕੀਤਾ ਜਾਵੇਗਾ। ਪੰਜਾਬ ਸਰਕਾਰ ਵੱਲੋਂ ਜ਼ਿਲ੍ਹੇ ਦੇ ਵੱਖ-ਵੱਖ ਪਿੰਡਾਂ ਵਿੱਚ ਵਿਕਾਸ ਕਾਰਜ ਕਰਵਾਏ ਜਾ ਰਹੇ ਹਨ ਅਤੇ ਲੋਕਾਂ ਨੂੰ ਹਰ ਤਰ੍ਹਾਂ ਦੀ ਸੁਵਿਧਾ ਦਿੱਤੀ ਜਾਵੇਗੀ। ਇਸ ਮੌਕੇ ਵੱਡੀ ਗਿਣਤੀ ਵਿੱਚ ਲੋਕ ਹਾਜ਼ਰ ਸਨ ਅਤੇ ਉਨ੍ਹਾਂ ਨੇ ਸਰਕਾਰ ਦੇ ਇਸ ਕਦਮ ਦੀ ਸ਼ਲਾਘਾ ਕੀਤੀ।
ਪੰਜਾਬ ਸਰਕਾਰ ਵੱਲੋਂ ਜ਼ਿਲ੍ਹੇ ਦੇ ਵੱਖ-ਵੱਖ ਪਿੰਡਾਂ ਵਿੱਚ ਵਿਕਾਸ ਕਾਰਜ ਕਰਵਾਏ ਜਾ ਰਹੇ ਹਨ ਅਤੇ ਲੋਕਾਂ ਨੂੰ ਹਰ ਤਰ੍ਹਾਂ ਦੀ ਸੁਵਿਧਾ ਦਿੱਤੀ ਜਾਵੇਗੀ। ਇਸ ਮੌਕੇ ਵੱਡੀ ਗਿਣਤੀ ਵਿੱਚ ਲੋਕ ਹਾਜ਼ਰ ਸਨ ਅਤੇ ਉਨ੍ਹਾਂ ਨੇ ਸਰਕਾਰ ਦੇ ਇਸ ਕਦਮ ਦੀ ਸ਼ਲਾਘਾ ਕੀਤੀ। ਅਧਿਕਾਰੀਆਂ ਨੇ ਦੱਸਿਆ ਕਿ ਕੰਮ ਜਲਦ ਮੁਕੰਮਲ ਕੀਤਾ ਜਾਵੇਗਾ। ਪੰਜਾਬ ਸਰਕਾਰ ਵੱਲੋਂ ਜ਼ਿਲ੍ਹੇ ਦੇ ਵੱਖ-ਵੱਖ ਪਿੰਡਾਂ ਵਿੱਚ ਵਿਕਾਸ ਕਾਰਜ ਕਰਵਾਏ ਜਾ ਰਹੇ ਹਨ ਅਤੇ ਲੋਕਾਂ ਨੂੰ ਹਰ ਤਰ੍ਹਾਂ ਦੀ ਸੁਵਿਧਾ ਦਿੱਤੀ ਜਾਵੇਗੀ। ਇਸ ਮੌਕੇ ਵੱਡੀ ਗਿਣਤੀ ਵਿੱਚ ਲੋਕ ਹਾਜ਼ਰ ਸਨ ਅਤੇ ਉਨ੍ਹਾਂ ਨੇ ਸਰਕਾਰ ਦੇ ਇਸ ਕਦਮ ਦੀ ਸ਼ਲਾਘਾ ਕੀਤੀ।
ਪੰਜਾਬ ਸਰਕਾਰ ਵੱਲੋਂ ਜ਼ਿਲ੍ਹੇ ਦੇ ਵੱਖ-ਵੱਖ ਪਿੰਡਾਂ ਵਿੱਚ ਵਿਕਾਸ ਕਾਰਜ ਕਰਵਾਏ ਜਾ ਰਹੇ ਹਨ ਅਤੇ ਲੋਕਾਂ ਨੂੰ ਹਰ ਤਰ੍ਹਾਂ ਦੀ ਸੁਵਿਧਾ ਦਿੱਤੀ ਜਾਵੇਗੀ। ਇਸ ਮੌਕੇ ਵੱਡੀ ਗਿਣਤੀ ਵਿੱਚ ਲੋਕ ਹਾਜ਼ਰ ਸਨ ਅਤੇ ਉਨ੍ਹਾਂ ਨੇ ਸਰਕਾਰ ਦੇ ਇਸ ਕਦਮ ਦੀ ਸ਼ਲਾਘਾ ਕੀਤੀ। ਅਧਿਕਾਰੀਆਂ ਨੇ ਦੱਸਿਆ ਕਿ ਕੰਮ ਜਲਦ ਮੁਕੰਮਲ ਕੀਤਾ ਜਾਵੇਗਾ। ਪੰਜਾਬ ਸਰਕਾਰ ਵੱਲੋਂ ਜ਼ਿਲ੍ਹੇ ਦੇ ਵੱਖ-ਵੱਖ ਪਿੰਡਾਂ ਵਿੱਚ ਵਿਕਾਸ ਕਾਰਜ ਕਰਵਾਏ ਜਾ ਰਹੇ ਹਨ ਅਤੇ ਲੋਕਾਂ ਨੂੰ ਹਰ ਤਰ੍ਹਾਂ ਦੀ ਸੁਵਿਧਾ ਦਿੱਤੀ ਜਾਵੇਗੀ। ਇਸ ਮੌਕੇ ਵੱਡੀ ਗਿਣਤੀ ਵਿੱਚ ਲੋਕ ਹਾਜ਼ਰ ਸਨ ਅਤੇ ਉਨ੍ਹਾਂ ਨੇ ਸਰਕਾਰ ਦੇ ਇਸ ਕਦਮ ਦੀ ਸ਼ਲਾਘਾ ਕੀਤੀ।
ਕਰਨ ਬੇਲਾ ਨਿਵਾਸ ਬਿਨਾ ਕੀਤੇ ਗਏ ਵਿਸਥਾਰ ਲਈ ਨਗਰ ਨਿਗਮ ਦਾ ਕਦਮ
ਪੰਜਾਬ ਸਰਕਾਰ ਵੱਲੋਂ ਜ਼ਿਲ੍ਹੇ ਦੇ ਵੱਖ-ਵੱਖ ਪਿੰਡਾਂ ਵਿੱਚ ਵਿਕਾਸ ਕਾਰਜ ਕਰਵਾਏ ਜਾ ਰਹੇ ਹਨ ਅਤੇ ਲੋਕਾਂ ਨੂੰ ਹਰ ਤਰ੍ਹਾਂ ਦੀ ਸੁਵਿਧਾ ਦਿੱਤੀ ਜਾਵੇਗੀ। ਇਸ ਮੌਕੇ ਵੱਡੀ ਗਿਣਤੀ ਵਿੱਚ ਲੋਕ ਹਾਜ਼ਰ ਸਨ ਅਤੇ ਉਨ੍ਹਾਂ ਨੇ ਸਰਕਾਰ ਦੇ ਇਸ ਕਦਮ ਦੀ ਸ਼ਲਾਘਾ ਕੀਤੀ। ਅਧਿਕਾਰੀਆਂ ਨੇ ਦੱਸਿਆ ਕਿ ਕੰਮ ਜਲਦ ਮੁਕੰਮਲ ਕੀਤਾ ਜਾਵੇਗਾ। ਪੰਜਾਬ ਸਰਕਾਰ ਵੱਲੋਂ ਜ਼ਿਲ੍ਹੇ ਦੇ ਵੱਖ-ਵੱਖ ਪਿੰਡਾਂ ਵਿੱਚ ਵਿਕਾਸ ਕਾਰਜ ਕਰਵਾਏ ਜਾ ਰਹੇ ਹਨ ਅਤੇ ਲੋਕਾਂ ਨੂੰ ਹਰ ਤਰ੍ਹਾਂ ਦੀ ਸੁਵਿਧਾ ਦਿੱਤੀ ਜਾਵੇਗੀ। ਇਸ ਮੌਕੇ ਵੱਡੀ ਗਿਣਤੀ ਵਿੱਚ ਲੋਕ ਹਾਜ਼ਰ ਸਨ ਅਤੇ ਉਨ੍ਹਾਂ ਨੇ ਸਰਕਾਰ ਦੇ ਇਸ ਕਦਮ ਦੀ ਸ਼ਲਾਘਾ ਕੀਤੀ।
ਪੰਜਾਬ ਸਰਕਾਰ ਵੱਲੋਂ ਜ਼ਿਲ੍ਹੇ ਦੇ ਵੱਖ-ਵੱਖ ਪਿੰਡਾਂ ਵਿੱਚ ਵਿਕਾਸ ਕਾਰਜ ਕਰਵਾਏ ਜਾ ਰਹੇ ਹਨ ਅਤੇ ਲੋਕਾਂ ਨੂੰ ਹਰ ਤਰ੍ਹਾਂ ਦੀ ਸੁਵਿਧਾ ਦਿੱਤੀ ਜਾਵੇਗੀ। ਇਸ ਮੌਕੇ ਵੱਡੀ ਗਿਣਤੀ ਵਿੱਚ ਲੋਕ ਹਾਜ਼ਰ ਸਨ ਅਤੇ ਉਨ੍ਹਾਂ ਨੇ ਸਰਕਾਰ ਦੇ ਇਸ ਕਦਮ ਦੀ ਸ਼ਲਾਘਾ ਕੀਤੀ। ਅਧਿਕਾਰੀਆਂ ਨੇ ਦੱਸਿਆ ਕਿ ਕੰਮ ਜਲਦ ਮੁਕੰਮਲ ਕੀਤਾ ਜਾਵੇਗਾ। ਪੰਜਾਬ ਸਰਕਾਰ ਵੱਲੋਂ ਜ਼ਿਲ੍ਹੇ ਦੇ ਵੱਖ-ਵੱਖ ਪਿੰਡਾਂ ਵਿੱਚ ਵਿਕਾਸ ਕਾਰਜ ਕਰਵਾਏ ਜਾ ਰਹੇ ਹਨ ਅਤੇ ਲੋਕਾਂ ਨੂੰ ਹਰ ਤਰ੍ਹਾਂ ਦੀ ਸੁਵਿਧਾ ਦਿੱਤੀ ਜਾਵੇਗੀ। ਇਸ ਮੌਕੇ ਵੱਡੀ ਗਿਣਤੀ ਵਿੱਚ ਲੋਕ ਹਾਜ਼ਰ ਸਨ ਅਤੇ ਉਨ੍ਹਾਂ ਨੇ ਸਰਕਾਰ ਦੇ ਇਸ ਕਦਮ ਦੀ ਸ਼ਲਾਘਾ ਕੀਤੀ।
ਸਾਬਕਾ ਰਿੰਦਰ ਵੱਲੋਂ ਪਿਛਲੇ 25 ਸਾਲਾਂ ਤੋਂ ਉਹ ਰਹਿਣ ਵਾਲੇ ਕਿਸਾਨਾਂ ਦੀ ਸਹਾਇਤਾ ਦਾ ਭਰੋਸਾ
ਪੰਜਾਬ ਟਾਈਮਜ਼
ਪੰਜਾਬ ਸਰਕਾਰ ਵੱਲੋਂ ਜ਼ਿਲ੍ਹੇ ਦੇ ਵੱਖ-ਵੱਖ ਪਿੰਡਾਂ ਵਿੱਚ ਵਿਕਾਸ ਕਾਰਜ ਕਰਵਾਏ ਜਾ ਰਹੇ ਹਨ ਅਤੇ ਲੋਕਾਂ ਨੂੰ ਹਰ ਤਰ੍ਹਾਂ ਦੀ ਸੁਵਿਧਾ ਦਿੱਤੀ ਜਾਵੇਗੀ। ਇਸ ਮੌਕੇ ਵੱਡੀ ਗਿਣਤੀ ਵਿੱਚ ਲੋਕ ਹਾਜ਼ਰ ਸਨ ਅਤੇ ਉਨ੍ਹਾਂ ਨੇ ਸਰਕਾਰ ਦੇ ਇਸ ਕਦਮ ਦੀ ਸ਼ਲਾਘਾ ਕੀਤੀ। ਅਧਿਕਾਰੀਆਂ ਨੇ ਦੱਸਿਆ ਕਿ ਕੰਮ ਜਲਦ ਮੁਕੰਮਲ ਕੀਤਾ ਜਾਵੇਗਾ। ਪੰਜਾਬ ਸਰਕਾਰ ਵੱਲੋਂ ਜ਼ਿਲ੍ਹੇ ਦੇ ਵੱਖ-ਵੱਖ ਪਿੰਡਾਂ ਵਿੱਚ ਵਿਕਾਸ ਕਾਰਜ ਕਰਵਾਏ ਜਾ ਰਹੇ ਹਨ ਅਤੇ ਲੋਕਾਂ ਨੂੰ ਹਰ ਤਰ੍ਹਾਂ ਦੀ ਸੁਵਿਧਾ ਦਿੱਤੀ ਜਾਵੇਗੀ। ਇਸ ਮੌਕੇ ਵੱਡੀ ਗਿਣਤੀ ਵਿੱਚ ਲੋਕ ਹਾਜ਼ਰ ਸਨ ਅਤੇ ਉਨ੍ਹਾਂ ਨੇ ਸਰਕਾਰ ਦੇ ਇਸ ਕਦਮ ਦੀ ਸ਼ਲਾਘਾ ਕੀਤੀ।
ਪੰਜਾਬ ਸਰਕਾਰ ਵੱਲੋਂ ਜ਼ਿਲ੍ਹੇ ਦੇ ਵੱਖ-ਵੱਖ ਪਿੰਡਾਂ ਵਿੱਚ ਵਿਕਾਸ ਕਾਰਜ ਕਰਵਾਏ ਜਾ ਰਹੇ ਹਨ ਅਤੇ ਲੋਕਾਂ ਨੂੰ ਹਰ ਤਰ੍ਹਾਂ ਦੀ ਸੁਵਿਧਾ ਦਿੱਤੀ ਜਾਵੇਗੀ। ਇਸ ਮੌਕੇ ਵੱਡੀ ਗਿਣਤੀ ਵਿੱਚ ਲੋਕ ਹਾਜ਼ਰ ਸਨ ਅਤੇ ਉਨ੍ਹਾਂ ਨੇ ਸਰਕਾਰ ਦੇ ਇਸ ਕਦਮ ਦੀ ਸ਼ਲਾਘਾ ਕੀਤੀ। ਅਧਿਕਾਰੀਆਂ ਨੇ ਦੱਸਿਆ ਕਿ ਕੰਮ ਜਲਦ ਮੁਕੰਮਲ ਕੀਤਾ ਜਾਵੇਗਾ। ਪੰਜਾਬ ਸਰਕਾਰ ਵੱਲੋਂ ਜ਼ਿਲ੍ਹੇ ਦੇ ਵੱਖ-ਵੱਖ ਪਿੰਡਾਂ ਵਿੱਚ ਵਿਕਾਸ ਕਾਰਜ ਕਰਵਾਏ ਜਾ ਰਹੇ ਹਨ
ਡਾ.ਦਿਨ ਵੱਲੋਂ ਅੰਬੇਡਕਰ ਦਿਵਸ ਉੱਤੇ ਸ਼ਹੀਦਾਂ ਨੂੰ ਸ਼ਰਧਾਂਜਲੀ
ਭੇਂਟਾ ਕਰ ਕੇ ਲਾਗੂ ਕੀਤਾ ਜਾਵੇਗਾ : ਸਕੱਤਰ
ਪੰਜਾਬ ਟਾਈਮਜ਼
ਪੰਜਾਬ ਸਰਕਾਰ ਵੱਲੋਂ ਜ਼ਿਲ੍ਹੇ ਦੇ ਵੱਖ-ਵੱਖ ਪਿੰਡਾਂ ਵਿੱਚ ਵਿਕਾਸ ਕਾਰਜ ਕਰਵਾਏ ਜਾ ਰਹੇ ਹਨ ਅਤੇ ਲੋਕਾਂ ਨੂੰ ਹਰ ਤਰ੍ਹਾਂ ਦੀ ਸੁਵਿਧਾ ਦਿੱਤੀ ਜਾਵੇਗੀ। ਇਸ ਮੌਕੇ ਵੱਡੀ ਗਿਣਤੀ ਵਿੱਚ ਲੋਕ ਹਾਜ਼ਰ ਸਨ ਅਤੇ ਉਨ੍ਹਾਂ ਨੇ ਸਰਕਾਰ ਦੇ ਇਸ ਕਦਮ ਦੀ ਸ਼ਲਾਘਾ ਕੀਤੀ। ਅਧਿਕਾਰੀਆਂ ਨੇ ਦੱਸਿਆ ਕਿ ਕੰਮ ਜਲਦ ਮੁਕੰਮਲ ਕੀਤਾ ਜਾਵੇਗਾ। ਪੰਜਾਬ ਸਰਕਾਰ ਵੱਲੋਂ ਜ਼ਿਲ੍ਹੇ ਦੇ ਵੱਖ-ਵੱਖ ਪਿੰਡਾਂ ਵਿੱਚ ਵਿਕਾਸ ਕਾਰਜ ਕਰਵਾਏ ਜਾ ਰਹੇ ਹਨ ਅਤੇ ਲੋਕਾਂ ਨੂੰ ਹਰ ਤਰ੍ਹਾਂ ਦੀ ਸੁਵਿਧਾ ਦਿੱਤੀ ਜਾਵੇਗੀ। ਇਸ ਮੌਕੇ ਵੱਡੀ ਗਿਣਤੀ ਵਿੱਚ ਲੋਕ ਹਾਜ਼ਰ ਸਨ ਅਤੇ ਉਨ੍ਹਾਂ ਨੇ ਸਰਕਾਰ ਦੇ ਇਸ ਕਦਮ ਦੀ ਸ਼ਲਾਘਾ ਕੀਤੀ।
ਪੰਜਾਬ ਸਰਕਾਰ ਵੱਲੋਂ ਜ਼ਿਲ੍ਹੇ ਦੇ ਵੱਖ-ਵੱਖ ਪਿੰਡਾਂ ਵਿੱਚ ਵਿਕਾਸ ਕਾਰਜ ਕਰਵਾਏ ਜਾ ਰਹੇ ਹਨ ਅਤੇ ਲੋਕਾਂ ਨੂੰ ਹਰ ਤਰ੍ਹਾਂ ਦੀ ਸੁਵਿਧਾ ਦਿੱਤੀ ਜਾਵੇਗੀ। ਇਸ ਮੌਕੇ ਵੱਡੀ ਗਿਣਤੀ ਵਿੱਚ ਲੋਕ ਹਾਜ਼ਰ ਸਨ ਅਤੇ ਉਨ੍ਹਾਂ ਨੇ ਸਰਕਾਰ ਦੇ ਇਸ ਕਦਮ ਦੀ ਸ਼ਲਾਘਾ ਕੀਤੀ। ਅਧਿਕਾਰੀਆਂ ਨੇ ਦੱਸਿਆ ਕਿ ਕੰਮ ਜਲਦ ਮੁਕੰਮਲ ਕੀਤਾ ਜਾਵੇਗਾ। ਪੰਜਾਬ ਸਰਕਾਰ ਵੱਲੋਂ ਜ਼ਿਲ੍ਹੇ ਦੇ ਵੱਖ-ਵੱਖ ਪਿੰਡਾਂ ਵਿੱਚ ਵਿਕਾਸ ਕਾਰਜ ਕਰਵਾਏ ਜਾ ਰਹੇ ਹਨ ਅਤੇ ਲੋਕਾਂ ਨੂੰ ਹਰ ਤਰ੍ਹਾਂ ਦੀ ਸੁਵਿਧਾ ਦਿੱਤੀ ਜਾਵੇਗੀ। ਇਸ ਮੌਕੇ ਵੱਡੀ ਗਿਣਤੀ ਵਿੱਚ ਲੋਕ ਹਾਜ਼ਰ ਸਨ ਅਤੇ ਉਨ੍ਹਾਂ ਨੇ ਸਰਕਾਰ ਦੇ ਇਸ ਕਦਮ ਦੀ ਸ਼ਲਾਘਾ ਕੀਤੀ।
ਪੰਜਾਬ ਸਰਕਾਰ ਵੱਲੋਂ ਜ਼ਿਲ੍ਹੇ ਦੇ ਵੱਖ-ਵੱਖ ਪਿੰਡਾਂ ਵਿੱਚ ਵਿਕਾਸ ਕਾਰਜ ਕਰਵਾਏ ਜਾ ਰਹੇ ਹਨ ਅਤੇ ਲੋਕਾਂ ਨੂੰ ਹਰ ਤਰ੍ਹਾਂ ਦੀ ਸੁਵਿਧਾ ਦਿੱਤੀ ਜਾਵੇਗੀ। ਇਸ ਮੌਕੇ ਵੱਡੀ ਗਿਣਤੀ ਵਿੱਚ ਲੋਕ ਹਾਜ਼ਰ ਸਨ ਅਤੇ ਉਨ੍ਹਾਂ ਨੇ ਸਰਕਾਰ ਦੇ ਇਸ ਕਦਮ ਦੀ ਸ਼ਲਾਘਾ ਕੀਤੀ। ਅਧਿਕਾਰੀਆਂ ਨੇ ਦੱਸਿਆ ਕਿ ਕੰਮ ਜਲਦ ਮੁਕੰਮਲ ਕੀਤਾ ਜਾਵੇਗਾ। ਪੰਜਾਬ ਸਰਕਾਰ ਵੱਲੋਂ ਜ਼ਿਲ੍ਹੇ ਦੇ ਵੱਖ-ਵੱਖ ਪਿੰਡਾਂ ਵਿੱਚ ਵਿਕਾਸ ਕਾਰਜ ਕਰਵਾਏ ਜਾ ਰਹੇ ਹਨ ਅਤੇ ਲੋਕਾਂ ਨੂੰ ਹਰ ਤਰ੍ਹਾਂ ਦੀ ਸੁਵਿਧਾ ਦਿੱਤੀ ਜਾਵੇਗੀ। ਇਸ ਮੌਕੇ ਵੱਡੀ ਗਿਣਤੀ ਵਿੱਚ ਲੋਕ ਹਾਜ਼ਰ ਸਨ ਅਤੇ ਉਨ੍ਹਾਂ ਨੇ ਸਰਕਾਰ ਦੇ ਇਸ ਕਦਮ ਦੀ ਸ਼ਲਾਘਾ ਕੀਤੀ।
ਜ਼ਰੂਰੀ ਸੁਵਿਧਾਵਾਂ ਤੋਂ ਵਾਂਝੇ ਲੋਕਾਂ ਲਈ ਕਾਰਵਾਈ
ਪੰਜਾਬ ਸਰਕਾਰ ਵੱਲੋਂ ਜ਼ਿਲ੍ਹੇ ਦੇ ਵੱਖ-ਵੱਖ ਪਿੰਡਾਂ ਵਿੱਚ ਵਿਕਾਸ ਕਾਰਜ ਕਰਵਾਏ ਜਾ ਰਹੇ ਹਨ ਅਤੇ ਲੋਕਾਂ ਨੂੰ ਹਰ ਤਰ੍ਹਾਂ ਦੀ ਸੁਵਿਧਾ ਦਿੱਤੀ ਜਾਵੇਗੀ। ਇਸ ਮੌਕੇ ਵੱਡੀ ਗਿਣਤੀ ਵਿੱਚ ਲੋਕ ਹਾਜ਼ਰ ਸਨ ਅਤੇ ਉਨ੍ਹਾਂ ਨੇ ਸਰਕਾਰ ਦੇ ਇਸ ਕਦਮ ਦੀ ਸ਼ਲਾਘਾ ਕੀਤੀ। ਅਧਿਕਾਰੀਆਂ ਨੇ ਦੱਸਿਆ ਕਿ ਕੰਮ ਜਲਦ ਮੁਕੰਮਲ ਕੀਤਾ ਜਾਵੇਗਾ। ਪੰਜਾਬ ਸਰਕਾਰ ਵੱਲੋਂ ਜ਼ਿਲ੍ਹੇ ਦੇ ਵੱਖ-ਵੱਖ ਪਿੰਡਾਂ ਵਿੱਚ ਵਿਕਾਸ ਕਾਰਜ ਕਰਵਾਏ ਜਾ ਰਹੇ ਹਨ ਅਤੇ ਲੋਕਾਂ ਨੂੰ ਹਰ ਤਰ੍ਹਾਂ ਦੀ ਸੁਵਿਧਾ ਦਿੱਤੀ ਜਾਵੇਗੀ। ਇਸ ਮੌਕੇ ਵੱਡੀ ਗਿਣਤੀ
ਪੰਜਾਬ ਸਰਕਾਰ ਵੱਲੋਂ ਜ਼ਿਲ੍ਹੇ ਦੇ ਵੱਖ-ਵੱਖ ਪਿੰਡਾਂ ਵਿੱਚ ਵਿਕਾਸ ਕਾਰਜ ਕਰਵਾਏ ਜਾ ਰਹੇ ਹਨ ਅਤੇ ਲੋਕਾਂ ਨੂੰ ਹਰ ਤਰ੍ਹਾਂ ਦੀ ਸੁਵਿਧਾ ਦਿੱਤੀ ਜਾਵੇਗੀ। ਇਸ ਮੌਕੇ ਵੱਡੀ ਗਿਣਤੀ ਵਿੱਚ ਲੋਕ ਹਾਜ਼ਰ ਸਨ ਅਤੇ ਉਨ੍ਹਾਂ ਨੇ ਸਰਕਾਰ ਦੇ ਇਸ ਕਦਮ ਦੀ ਸ਼ਲਾਘਾ ਕੀਤੀ। ਅਧਿਕਾਰੀਆਂ ਨੇ ਦੱਸਿਆ ਕਿ ਕੰਮ ਜਲਦ ਮੁਕੰਮਲ ਕੀਤਾ ਜਾਵੇਗਾ। ਪੰਜਾਬ ਸਰਕਾਰ ਵੱਲੋਂ ਜ਼ਿਲ੍ਹੇ ਦੇ ਵੱਖ-ਵੱਖ ਪਿੰਡਾਂ ਵਿੱਚ ਵਿਕਾਸ ਕਾਰਜ ਕਰਵਾਏ ਜਾ ਰਹੇ ਹਨ ਅਤੇ ਲੋਕਾਂ ਨੂੰ ਹਰ ਤਰ੍ਹਾਂ ਦੀ ਸੁਵਿਧਾ ਦਿੱਤੀ ਜਾਵੇਗੀ। ਇਸ ਮੌਕੇ ਵੱਡੀ ਗਿਣਤੀ
ਅਮਨ ਮੰਡੀ ਦੇ ਸਮਰਥਕਾਂ ਵੱਲੋਂ ਕੀਤਾ ਗਿਆ ਰੋਸ ਮਾਰਚ
ਕਿਸਾਨਾਂ ਨੂੰ ਮੁਆਵਜ਼ਾ ਦੇਣ ਦੀ ਮੰਗ
ਪੰਜਾਬ ਟਾਈਮਜ਼
ਪੰਜਾਬ ਸਰਕਾਰ ਵੱਲੋਂ ਜ਼ਿਲ੍ਹੇ ਦੇ ਵੱਖ-ਵੱਖ ਪਿੰਡਾਂ ਵਿੱਚ ਵਿਕਾਸ ਕਾਰਜ ਕਰਵਾਏ ਜਾ ਰਹੇ ਹਨ ਅਤੇ ਲੋਕਾਂ ਨੂੰ ਹਰ ਤਰ੍ਹਾਂ ਦੀ ਸੁਵਿਧਾ ਦਿੱਤੀ ਜਾਵੇਗੀ। ਇਸ ਮੌਕੇ ਵੱਡੀ ਗਿਣਤੀ ਵਿੱਚ ਲੋਕ ਹਾਜ਼ਰ ਸਨ ਅਤੇ ਉਨ੍ਹਾਂ ਨੇ ਸਰਕਾਰ ਦੇ ਇਸ ਕਦਮ ਦੀ ਸ਼ਲਾਘਾ ਕੀਤੀ। ਅਧਿਕਾਰੀਆਂ ਨੇ ਦੱਸਿਆ ਕਿ ਕੰਮ ਜਲਦ ਮੁਕੰਮਲ ਕੀਤਾ ਜਾਵੇਗਾ। ਪੰਜਾਬ ਸਰਕਾਰ ਵੱਲੋਂ ਜ਼ਿਲ੍ਹੇ ਦੇ ਵੱਖ-ਵੱਖ ਪਿੰਡਾਂ ਵਿੱਚ ਵਿਕਾਸ ਕਾਰਜ ਕਰਵਾਏ ਜਾ ਰਹੇ ਹਨ ਅਤੇ ਲੋਕਾਂ ਨੂੰ ਹਰ ਤਰ੍ਹਾਂ ਦੀ ਸੁਵਿਧਾ ਦਿੱਤੀ ਜਾਵੇਗੀ। ਇਸ ਮੌਕੇ ਵੱਡੀ ਗਿਣਤੀ ਵਿੱਚ ਲੋਕ ਹਾਜ਼ਰ ਸਨ ਅਤੇ ਉਨ੍ਹਾਂ ਨੇ ਸਰਕਾਰ ਦੇ ਇਸ ਕਦਮ ਦੀ ਸ਼ਲਾਘਾ ਕੀਤੀ।
ਪੰਜਾਬ ਸਰਕਾਰ ਵੱਲੋਂ ਜ਼ਿਲ੍ਹੇ ਦੇ ਵੱਖ-ਵੱਖ ਪਿੰਡਾਂ ਵਿੱਚ ਵਿਕਾਸ ਕਾਰਜ ਕਰਵਾਏ ਜਾ ਰਹੇ ਹਨ ਅਤੇ ਲੋਕਾਂ ਨੂੰ ਹਰ ਤਰ੍ਹਾਂ ਦੀ ਸੁਵਿਧਾ ਦਿੱਤੀ ਜਾਵੇਗੀ। ਇਸ ਮੌਕੇ ਵੱਡੀ ਗਿਣਤੀ ਵਿੱਚ ਲੋਕ ਹਾਜ਼ਰ ਸਨ ਅਤੇ ਉਨ੍ਹਾਂ ਨੇ ਸਰਕਾਰ ਦੇ ਇਸ ਕਦਮ ਦੀ ਸ਼ਲਾਘਾ ਕੀਤੀ। ਅਧਿਕਾਰੀਆਂ ਨੇ ਦੱਸਿਆ ਕਿ ਕੰਮ ਜਲਦ ਮੁਕੰਮਲ ਕੀਤਾ ਜਾਵੇਗਾ। ਪੰਜਾਬ ਸਰਕਾਰ ਵੱਲੋਂ ਜ਼ਿਲ੍ਹੇ ਦੇ ਵੱਖ-ਵੱਖ ਪਿੰਡਾਂ ਵਿੱਚ ਵਿਕਾਸ ਕਾਰਜ ਕਰਵਾਏ ਜਾ ਰਹੇ ਹਨ
ਮਨਕ ਅਸੂਹ ਦੀ ਸਾਰੀਆਂ ਸਭਾਵਾਂ ਦੀ ਬੈਠਕ ਬੁਲਾਈ ਗਈ
ਪੰਜਾਬ ਟਾਈਮਜ਼
ਪੰਜਾਬ ਸਰਕਾਰ ਵੱਲੋਂ ਜ਼ਿਲ੍ਹੇ ਦੇ ਵੱਖ-ਵੱਖ ਪਿੰਡਾਂ ਵਿੱਚ ਵਿਕਾਸ ਕਾਰਜ ਕਰਵਾਏ ਜਾ ਰਹੇ ਹਨ ਅਤੇ ਲੋਕਾਂ ਨੂੰ ਹਰ ਤਰ੍ਹਾਂ ਦੀ ਸੁਵਿਧਾ ਦਿੱਤੀ ਜਾਵੇਗੀ। ਇਸ ਮੌਕੇ ਵੱਡੀ ਗਿਣਤੀ ਵਿੱਚ ਲੋਕ ਹਾਜ਼ਰ ਸਨ ਅਤੇ ਉਨ੍ਹਾਂ ਨੇ ਸਰਕਾਰ ਦੇ ਇਸ ਕਦਮ ਦੀ ਸ਼ਲਾਘਾ ਕੀਤੀ। ਅਧਿਕਾਰੀਆਂ ਨੇ ਦੱਸਿਆ ਕਿ ਕੰਮ ਜਲਦ ਮੁਕੰਮਲ ਕੀਤਾ ਜਾਵੇਗਾ। ਪੰਜਾਬ ਸਰਕਾਰ ਵੱਲੋਂ ਜ਼ਿਲ੍ਹੇ ਦੇ ਵੱਖ-ਵੱਖ ਪਿੰਡਾਂ ਵਿੱਚ ਵਿਕਾਸ ਕਾਰਜ ਕਰਵਾਏ ਜਾ ਰਹੇ ਹਨ ਅਤੇ ਲੋਕਾਂ ਨੂੰ ਹਰ ਤਰ੍ਹਾਂ ਦੀ ਸੁਵਿਧਾ ਦਿੱਤੀ ਜਾਵੇਗੀ। ਇਸ ਮੌਕੇ ਵੱਡੀ ਗਿਣਤੀ ਵਿੱਚ ਲੋਕ ਹਾਜ਼ਰ
ਪੰਜਾਬ ਸਰਕਾਰ ਵੱਲੋਂ ਜ਼ਿਲ੍ਹੇ ਦੇ ਵੱਖ-ਵੱਖ ਪਿੰਡਾਂ ਵਿੱਚ ਵਿਕਾਸ ਕਾਰਜ ਕਰਵਾਏ ਜਾ ਰਹੇ ਹਨ ਅਤੇ ਲੋਕਾਂ ਨੂੰ ਹਰ ਤਰ੍ਹਾਂ ਦੀ ਸੁਵਿਧਾ ਦਿੱਤੀ ਜਾਵੇਗੀ। ਇਸ ਮੌਕੇ ਵੱਡੀ ਗਿਣਤੀ ਵਿੱਚ ਲੋਕ ਹਾਜ਼ਰ ਸਨ ਅਤੇ ਉਨ੍ਹਾਂ ਨੇ ਸਰਕਾਰ ਦੇ ਇਸ ਕਦਮ ਦੀ ਸ਼ਲਾਘਾ ਕੀਤੀ। ਅਧਿਕਾਰੀਆਂ ਨੇ ਦੱਸਿਆ ਕਿ ਕੰਮ ਜਲਦ ਮੁਕੰਮਲ ਕੀਤਾ ਜਾਵੇਗਾ। ਪੰਜਾਬ ਸਰਕਾਰ ਵੱਲੋਂ ਜ਼ਿਲ੍ਹੇ ਦੇ ਵੱਖ-ਵੱਖ ਪਿੰਡਾਂ ਵਿੱਚ ਵਿਕਾਸ ਕਾਰਜ ਕਰਵਾਏ ਜਾ ਰਹੇ ਹਨ ਅਤੇ ਲੋਕਾਂ ਨੂੰ ਹਰ ਤਰ੍ਹਾਂ ਦੀ ਸੁਵਿਧਾ ਦਿੱਤੀ ਜਾਵੇਗੀ। ਇਸ ਮੌਕੇ ਵੱਡੀ ਗਿਣਤੀ ਵਿੱਚ ਲੋਕ ਹਾਜ਼ਰ ਸਨ ਅਤੇ ਉਨ੍ਹਾਂ ਨੇ ਸਰਕਾਰ ਦੇ ਇਸ ਕਦਮ ਦੀ ਸ਼ਲਾਘਾ ਕੀਤੀ।
ਪੰਜਾਬ ਸਰਕਾਰ ਵੱਲੋਂ ਜ਼ਿਲ੍ਹੇ ਦੇ ਵੱਖ-ਵੱਖ ਪਿੰਡਾਂ ਵਿੱਚ ਵਿਕਾਸ ਕਾਰਜ ਕਰਵਾਏ ਜਾ ਰਹੇ ਹਨ ਅਤੇ ਲੋਕਾਂ ਨੂੰ ਹਰ ਤਰ੍ਹਾਂ ਦੀ ਸੁਵਿਧਾ ਦਿੱਤੀ ਜਾਵੇਗੀ। ਇਸ ਮੌਕੇ ਵੱਡੀ ਗਿਣਤੀ ਵਿੱਚ ਲੋਕ ਹਾਜ਼ਰ ਸਨ ਅਤੇ ਉਨ੍ਹਾਂ ਨੇ ਸਰਕਾਰ ਦੇ ਇਸ ਕਦਮ ਦੀ ਸ਼ਲਾਘਾ ਕੀਤੀ। ਅਧਿਕਾਰੀਆਂ ਨੇ ਦੱਸਿਆ ਕਿ ਕੰਮ ਜਲਦ ਮੁਕੰਮਲ ਕੀਤਾ ਜਾਵੇਗਾ। ਪੰਜਾਬ ਸਰਕਾਰ ਵੱਲੋਂ ਜ਼ਿਲ੍ਹੇ ਦੇ ਵੱਖ-ਵੱਖ ਪਿੰਡਾਂ ਵਿੱਚ ਵਿਕਾਸ ਕਾਰਜ ਕਰਵਾਏ ਜਾ ਰਹੇ ਹਨ ਅਤੇ ਲੋਕਾਂ ਨੂੰ ਹਰ ਤਰ੍ਹਾਂ ਦੀ ਸੁਵਿਧਾ ਦਿੱਤੀ ਜਾਵੇਗੀ। ਇਸ ਮੌਕੇ ਵੱਡੀ ਗਿਣਤੀ ਵਿੱਚ ਲੋਕ ਹਾਜ਼ਰ ਸਨ ਅਤੇ ਉਨ੍ਹਾਂ ਨੇ ਸਰਕਾਰ ਦੇ ਇਸ ਕਦਮ ਦੀ ਸ਼ਲਾਘਾ ਕੀਤੀ।
ਪੰਜਾਬ ਸਰਕਾਰ ਵੱਲੋਂ ਜ਼ਿਲ੍ਹੇ ਦੇ ਵੱਖ-ਵੱਖ ਪਿੰਡਾਂ ਵਿੱਚ ਵਿਕਾਸ ਕਾਰਜ ਕਰਵਾਏ ਜਾ ਰਹੇ ਹਨ ਅਤੇ ਲੋਕਾਂ ਨੂੰ ਹਰ ਤਰ੍ਹਾਂ ਦੀ ਸੁਵਿਧਾ ਦਿੱਤੀ ਜਾਵੇਗੀ। ਇਸ ਮੌਕੇ ਵੱਡੀ ਗਿਣਤੀ ਵਿੱਚ ਲੋਕ ਹਾਜ਼ਰ ਸਨ ਅਤੇ ਉਨ੍ਹਾਂ ਨੇ ਸਰਕਾਰ ਦੇ ਇਸ ਕਦਮ ਦੀ ਸ਼ਲਾਘਾ ਕੀਤੀ। ਅਧਿਕਾਰੀਆਂ ਨੇ ਦੱਸਿਆ ਕਿ ਕੰਮ ਜਲਦ ਮੁਕੰਮਲ ਕੀਤਾ ਜਾਵੇਗਾ। ਪੰਜਾਬ ਸਰਕਾਰ ਵੱਲੋਂ ਜ਼ਿਲ੍ਹੇ ਦੇ ਵੱਖ-ਵੱਖ ਪਿੰਡਾਂ ਵਿੱਚ ਵਿਕਾਸ ਕਾਰਜ ਕਰਵਾਏ ਜਾ ਰਹੇ ਹਨ ਅਤੇ ਲੋਕਾਂ ਨੂੰ ਹਰ ਤਰ੍ਹਾਂ ਦੀ ਸੁਵਿਧਾ ਦਿੱਤੀ ਜਾਵੇਗੀ। ਇਸ ਮੌਕੇ ਵੱਡੀ ਗਿਣਤੀ ਵਿੱਚ ਲੋਕ ਹਾਜ਼ਰ ਸਨ ਅਤੇ ਉਨ੍ਹਾਂ ਨੇ ਸਰਕਾਰ ਦੇ ਇਸ ਕਦਮ ਦੀ ਸ਼ਲਾਘਾ ਕੀਤੀ।
ਪਾਰ ਰਾਜ ਆਗੂ ਲਈ ਵੰਡੇ ਗਏ ਪੈਨਸ਼ਨ ਦੇ ਚੈੱਕ
ਪੰਜਾਬ ਟਾਈਮਜ਼
ਪੰਜਾਬ ਸਰਕਾਰ ਵੱਲੋਂ ਜ਼ਿਲ੍ਹੇ ਦੇ ਵੱਖ-ਵੱਖ ਪਿੰਡਾਂ ਵਿੱਚ ਵਿਕਾਸ ਕਾਰਜ ਕਰਵਾਏ ਜਾ ਰਹੇ ਹਨ ਅਤੇ ਲੋਕਾਂ ਨੂੰ ਹਰ ਤਰ੍ਹਾਂ ਦੀ ਸੁਵਿਧਾ ਦਿੱਤੀ ਜਾਵੇਗੀ। ਇਸ ਮੌਕੇ ਵੱਡੀ ਗਿਣਤੀ ਵਿੱਚ ਲੋਕ ਹਾਜ਼ਰ ਸਨ ਅਤੇ ਉਨ੍ਹਾਂ ਨੇ ਸਰਕਾਰ ਦੇ ਇਸ ਕਦਮ ਦੀ ਸ਼ਲਾਘਾ ਕੀਤੀ। ਅਧਿਕਾਰੀਆਂ ਨੇ ਦੱਸਿਆ ਕਿ ਕੰਮ ਜਲਦ ਮੁਕੰਮਲ ਕੀਤਾ ਜਾਵੇਗਾ। ਪੰਜਾਬ ਸਰਕਾਰ ਵੱਲੋਂ ਜ਼ਿਲ੍ਹੇ ਦੇ ਵੱਖ-ਵੱਖ ਪਿੰਡਾਂ ਵਿੱਚ ਵਿਕਾਸ ਕਾਰਜ ਕਰਵਾਏ ਜਾ ਰਹੇ ਹਨ ਅਤੇ ਲੋਕਾਂ ਨੂੰ ਹਰ ਤਰ੍ਹਾਂ ਦੀ ਸੁਵਿਧਾ ਦਿੱਤੀ ਜਾਵੇਗੀ। ਇਸ ਮੌਕੇ ਵੱਡੀ ਗਿਣਤੀ ਵਿੱਚ ਲੋਕ ਹਾਜ਼ਰ ਸਨ ਅਤੇ ਉਨ੍ਹਾਂ ਨੇ ਸਰਕਾਰ ਦੇ ਇਸ ਕਦਮ ਦੀ ਸ਼ਲਾਘਾ ਕੀਤੀ।
ਪੰਜਾਬ ਸਰਕਾਰ ਵੱਲੋਂ ਜ਼ਿਲ੍ਹੇ ਦੇ ਵੱਖ-ਵੱਖ ਪਿੰਡਾਂ ਵਿੱਚ ਵਿਕਾਸ ਕਾਰਜ ਕਰਵਾਏ ਜਾ ਰਹੇ ਹਨ ਅਤੇ ਲੋਕਾਂ ਨੂੰ ਹਰ ਤਰ੍ਹਾਂ ਦੀ ਸੁਵਿਧਾ ਦਿੱਤੀ ਜਾਵੇਗੀ। ਇਸ ਮੌਕੇ ਵੱਡੀ ਗਿਣਤੀ ਵਿੱਚ ਲੋਕ ਹਾਜ਼ਰ ਸਨ ਅਤੇ ਉਨ੍ਹਾਂ ਨੇ ਸਰਕਾਰ ਦੇ ਇਸ ਕਦਮ ਦੀ ਸ਼ਲਾਘਾ ਕੀਤੀ। ਅਧਿਕਾਰੀਆਂ ਨੇ ਦੱਸਿਆ ਕਿ ਕੰਮ ਜਲਦ ਮੁਕੰਮਲ ਕੀਤਾ ਜਾਵੇਗਾ। ਪੰਜਾਬ ਸਰਕਾਰ ਵੱਲੋਂ ਜ਼ਿਲ੍ਹੇ ਦੇ ਵੱਖ-ਵੱਖ ਪਿੰਡਾਂ ਵਿੱਚ ਵਿਕਾਸ ਕਾਰਜ ਕਰਵਾਏ ਜਾ ਰਹੇ ਹਨ ਅਤੇ ਲੋਕਾਂ ਨੂੰ ਹਰ ਤਰ੍ਹਾਂ ਦੀ ਸੁਵਿਧਾ ਦਿੱਤੀ ਜਾਵੇਗੀ। ਇਸ ਮੌਕੇ ਵੱਡੀ ਗਿਣਤੀ ਵਿੱਚ ਲੋਕ ਹਾਜ਼ਰ ਸਨ ਅਤੇ ਉਨ੍ਹਾਂ ਨੇ ਸਰਕਾਰ ਦੇ ਇਸ ਕਦਮ ਦੀ ਸ਼ਲਾਘਾ ਕੀਤੀ।
ਸ਼ਰਧਾਲੂਆਂ ਨੇ ਮਾਤਾ ਦੇ ਦਰਬਾਰ ਵਿੱਚ ਮੱਥਾ ਟੇਕਿਆ
ਪੰਜਾਬ ਟਾਈਮਜ਼
ਪੰਜਾਬ ਸਰਕਾਰ ਵੱਲੋਂ ਜ਼ਿਲ੍ਹੇ ਦੇ ਵੱਖ-ਵੱਖ ਪਿੰਡਾਂ ਵਿੱਚ ਵਿਕਾਸ ਕਾਰਜ ਕਰਵਾਏ ਜਾ ਰਹੇ ਹਨ ਅਤੇ ਲੋਕਾਂ ਨੂੰ ਹਰ ਤਰ੍ਹਾਂ ਦੀ ਸੁਵਿਧਾ ਦਿੱਤੀ ਜਾਵੇਗੀ। ਇਸ ਮੌਕੇ ਵੱਡੀ ਗਿਣਤੀ ਵਿੱਚ ਲੋਕ ਹਾਜ਼ਰ ਸਨ ਅਤੇ ਉਨ੍ਹਾਂ ਨੇ ਸਰਕਾਰ ਦੇ ਇਸ ਕਦਮ ਦੀ ਸ਼ਲਾਘਾ ਕੀਤੀ। ਅਧਿਕਾਰੀਆਂ ਨੇ ਦੱਸਿਆ ਕਿ ਕੰਮ ਜਲਦ ਮੁਕੰਮਲ ਕੀਤਾ ਜਾਵੇਗਾ। ਪੰਜਾਬ ਸਰਕਾਰ ਵੱਲੋਂ ਜ਼ਿਲ੍ਹੇ ਦੇ ਵੱਖ-ਵੱਖ ਪਿੰਡਾਂ ਵਿੱਚ ਵਿਕਾਸ ਕਾਰਜ ਕਰਵਾਏ ਜਾ ਰਹੇ ਹਨ ਅਤੇ ਲੋਕਾਂ ਨੂੰ ਹਰ ਤਰ੍ਹਾਂ ਦੀ ਸੁਵਿਧਾ ਦਿੱਤੀ ਜਾਵੇਗੀ। ਇਸ ਮੌਕੇ ਵੱਡੀ ਗਿਣਤੀ ਵਿੱਚ ਲੋਕ ਹਾਜ਼ਰ ਸਨ ਅਤੇ ਉਨ੍ਹਾਂ ਨੇ ਸਰਕਾਰ ਦੇ ਇਸ ਕਦਮ ਦੀ ਸ਼ਲਾਘਾ ਕੀਤੀ।
ਪੰਜਾਬ ਸਰਕਾਰ ਵੱਲੋਂ ਜ਼ਿਲ੍ਹੇ ਦੇ ਵੱਖ-ਵੱਖ ਪਿੰਡਾਂ ਵਿੱਚ ਵਿਕਾਸ ਕਾਰਜ ਕਰਵਾਏ ਜਾ ਰਹੇ ਹਨ ਅਤੇ ਲੋਕਾਂ ਨੂੰ ਹਰ ਤਰ੍ਹਾਂ ਦੀ ਸੁਵਿਧਾ ਦਿੱਤੀ ਜਾਵੇਗੀ। ਇਸ ਮੌਕੇ ਵੱਡੀ ਗਿਣਤੀ ਵਿੱਚ ਲੋਕ ਹਾਜ਼ਰ ਸਨ ਅਤੇ ਉਨ੍ਹਾਂ ਨੇ ਸਰਕਾਰ ਦੇ ਇਸ ਕਦਮ ਦੀ ਸ਼ਲਾਘਾ ਕੀਤੀ। ਅਧਿਕਾਰੀਆਂ ਨੇ ਦੱਸਿਆ ਕਿ ਕੰਮ ਜਲਦ ਮੁਕੰਮਲ ਕੀਤਾ ਜਾਵੇਗਾ। ਪੰਜਾਬ ਸਰਕਾਰ ਵੱਲੋਂ ਜ਼ਿਲ੍ਹੇ ਦੇ ਵੱਖ-ਵੱਖ ਪਿੰਡਾਂ ਵਿੱਚ ਵਿਕਾਸ ਕਾਰਜ ਕਰਵਾਏ ਜਾ ਰਹੇ ਹਨ ਅਤੇ ਲੋਕਾਂ ਨੂੰ ਹਰ ਤਰ੍ਹਾਂ ਦੀ ਸੁਵਿਧਾ ਦਿੱਤੀ ਜਾਵੇਗੀ। ਇਸ ਮੌਕੇ ਵੱਡੀ ਗਿਣਤੀ ਵਿੱਚ ਲੋਕ ਹਾਜ਼ਰ ਸਨ ਅਤੇ ਉਨ੍ਹਾਂ ਨੇ ਸਰਕਾਰ ਦੇ ਇਸ ਕਦਮ ਦੀ ਸ਼ਲਾਘਾ ਕੀਤੀ।
ਮੋਹ ਦੀ ਘਾਟ ਚੁੱਕੀ ਨਹੀਂ ਨਾਂਵਾਂ ਸ਼ਬਦ ਦੀ ਗੱਲ ਕੀਤੀ
ਪੰਜਾਬ ਟਾਈਮਜ਼
ਪੰਜਾਬ ਸਰਕਾਰ ਵੱਲੋਂ ਜ਼ਿਲ੍ਹੇ ਦੇ ਵੱਖ-ਵੱਖ ਪਿੰਡਾਂ ਵਿੱਚ ਵਿਕਾਸ ਕਾਰਜ ਕਰਵਾਏ ਜਾ ਰਹੇ ਹਨ ਅਤੇ ਲੋਕਾਂ ਨੂੰ ਹਰ ਤਰ੍ਹਾਂ ਦੀ ਸੁਵਿਧਾ ਦਿੱਤੀ ਜਾਵੇਗੀ। ਇਸ ਮੌਕੇ ਵੱਡੀ ਗਿਣਤੀ ਵਿੱਚ ਲੋਕ ਹਾਜ਼ਰ ਸਨ ਅਤੇ ਉਨ੍ਹਾਂ ਨੇ ਸਰਕਾਰ ਦੇ ਇਸ ਕਦਮ ਦੀ ਸ਼ਲਾਘਾ ਕੀਤੀ। ਅਧਿਕਾਰੀਆਂ ਨੇ ਦੱਸਿਆ ਕਿ ਕੰਮ ਜਲਦ ਮੁਕੰਮਲ ਕੀਤਾ ਜਾਵੇਗਾ। ਪੰਜਾਬ ਸਰਕਾਰ ਵੱਲੋਂ ਜ਼ਿਲ੍ਹੇ ਦੇ ਵੱਖ-ਵੱਖ ਪਿੰਡਾਂ ਵਿੱਚ ਵਿਕਾਸ ਕਾਰਜ ਕਰਵਾਏ ਜਾ ਰਹੇ ਹਨ ਅਤੇ ਲੋਕਾਂ ਨੂੰ ਹਰ ਤਰ੍ਹਾਂ ਦੀ ਸੁਵਿਧਾ ਦਿੱਤੀ ਜਾਵੇਗੀ। ਇਸ ਮੌਕੇ ਵੱਡੀ ਗਿਣਤੀ ਵਿੱਚ ਲੋਕ ਹਾਜ਼ਰ ਸਨ ਅਤੇ ਉਨ੍ਹਾਂ ਨੇ ਸਰਕਾਰ ਦੇ ਇਸ ਕਦਮ ਦੀ ਸ਼ਲਾਘਾ ਕੀਤੀ।
ਪੰਜਾਬ ਸਰਕਾਰ ਵੱਲੋਂ ਜ਼ਿਲ੍ਹੇ ਦੇ ਵੱਖ-ਵੱਖ ਪਿੰਡਾਂ ਵਿੱਚ ਵਿਕਾਸ ਕਾਰਜ ਕਰਵਾਏ ਜਾ ਰਹੇ ਹਨ ਅਤੇ ਲੋਕਾਂ ਨੂੰ ਹਰ ਤਰ੍ਹਾਂ ਦੀ ਸੁਵਿਧਾ ਦਿੱਤੀ ਜਾਵੇਗੀ। ਇਸ ਮੌਕੇ ਵੱਡੀ ਗਿਣਤੀ ਵਿੱਚ ਲੋਕ ਹਾਜ਼ਰ ਸਨ ਅਤੇ ਉਨ੍ਹਾਂ ਨੇ ਸਰਕਾਰ ਦੇ ਇਸ ਕਦਮ ਦੀ ਸ਼ਲਾਘਾ ਕੀਤੀ। ਅਧਿਕਾਰੀਆਂ ਨੇ ਦੱਸਿਆ ਕਿ ਕੰਮ ਜਲਦ ਮੁਕੰਮਲ ਕੀਤਾ ਜਾਵੇਗਾ। ਪੰਜਾਬ ਸਰਕਾਰ ਵੱਲੋਂ ਜ਼ਿਲ੍ਹੇ ਦੇ ਵੱਖ-ਵੱਖ ਪਿੰਡਾਂ ਵਿੱਚ ਵਿਕਾਸ ਕਾਰਜ ਕਰਵਾਏ ਜਾ ਰਹੇ ਹਨ ਅਤੇ ਲੋਕਾਂ ਨੂੰ ਹਰ ਤਰ੍ਹਾਂ ਦੀ ਸੁਵਿਧਾ ਦਿੱਤੀ ਜਾਵੇਗੀ। ਇਸ ਮੌਕੇ ਵੱਡੀ ਗਿਣਤੀ ਵਿੱਚ ਲੋਕ ਹਾਜ਼ਰ ਸਨ ਅਤੇ ਉਨ੍ਹਾਂ ਨੇ ਸਰਕਾਰ ਦੇ ਇਸ ਕਦਮ ਦੀ ਸ਼ਲਾਘਾ ਕੀਤੀ।
ਨਵੇਂ ਸ਼ਹਿਰ ਵਿੱਚ ਵਿਕਾਸ ਕਾਰਜ ਸ਼ੁਰੂ
ਪੰਜਾਬ ਸਰਕਾਰ ਵੱਲੋਂ ਜ਼ਿਲ੍ਹੇ ਦੇ ਵੱਖ-ਵੱਖ ਪਿੰਡਾਂ ਵਿੱਚ ਵਿਕਾਸ ਕਾਰਜ ਕਰਵਾਏ ਜਾ ਰਹੇ ਹਨ ਅਤੇ ਲੋਕਾਂ ਨੂੰ ਹਰ ਤਰ੍ਹਾਂ ਦੀ ਸੁਵਿਧਾ ਦਿੱਤੀ ਜਾਵੇਗੀ। ਇਸ ਮੌਕੇ ਵੱਡੀ ਗਿਣਤੀ ਵਿੱਚ ਲੋਕ ਹਾਜ਼ਰ ਸਨ ਅਤੇ ਉਨ੍ਹਾਂ ਨੇ ਸਰਕਾਰ ਦੇ ਇਸ ਕਦਮ ਦੀ ਸ਼ਲਾਘਾ ਕੀਤੀ। ਅਧਿਕਾਰੀਆਂ ਨੇ ਦੱਸਿਆ ਕਿ ਕੰਮ ਜਲਦ ਮੁਕੰਮਲ ਕੀਤਾ ਜਾਵੇਗਾ। ਪੰਜਾਬ ਸਰਕਾਰ ਵੱਲੋਂ ਜ਼ਿਲ੍ਹੇ ਦੇ ਵੱਖ-ਵੱਖ ਪਿੰਡਾਂ ਵਿੱਚ ਵਿਕਾਸ ਕਾਰਜ ਕਰਵਾਏ ਜਾ ਰਹੇ ਹਨ ਅਤੇ ਲੋਕਾਂ ਨੂੰ ਹਰ ਤਰ੍ਹਾਂ ਦੀ ਸੁਵਿਧਾ ਦਿੱਤੀ ਜਾਵੇਗੀ। ਇਸ ਮੌਕੇ ਵੱਡੀ ਗਿਣਤੀ ਵਿੱਚ ਲੋਕ ਹਾਜ਼ਰ ਸਨ ਅ
